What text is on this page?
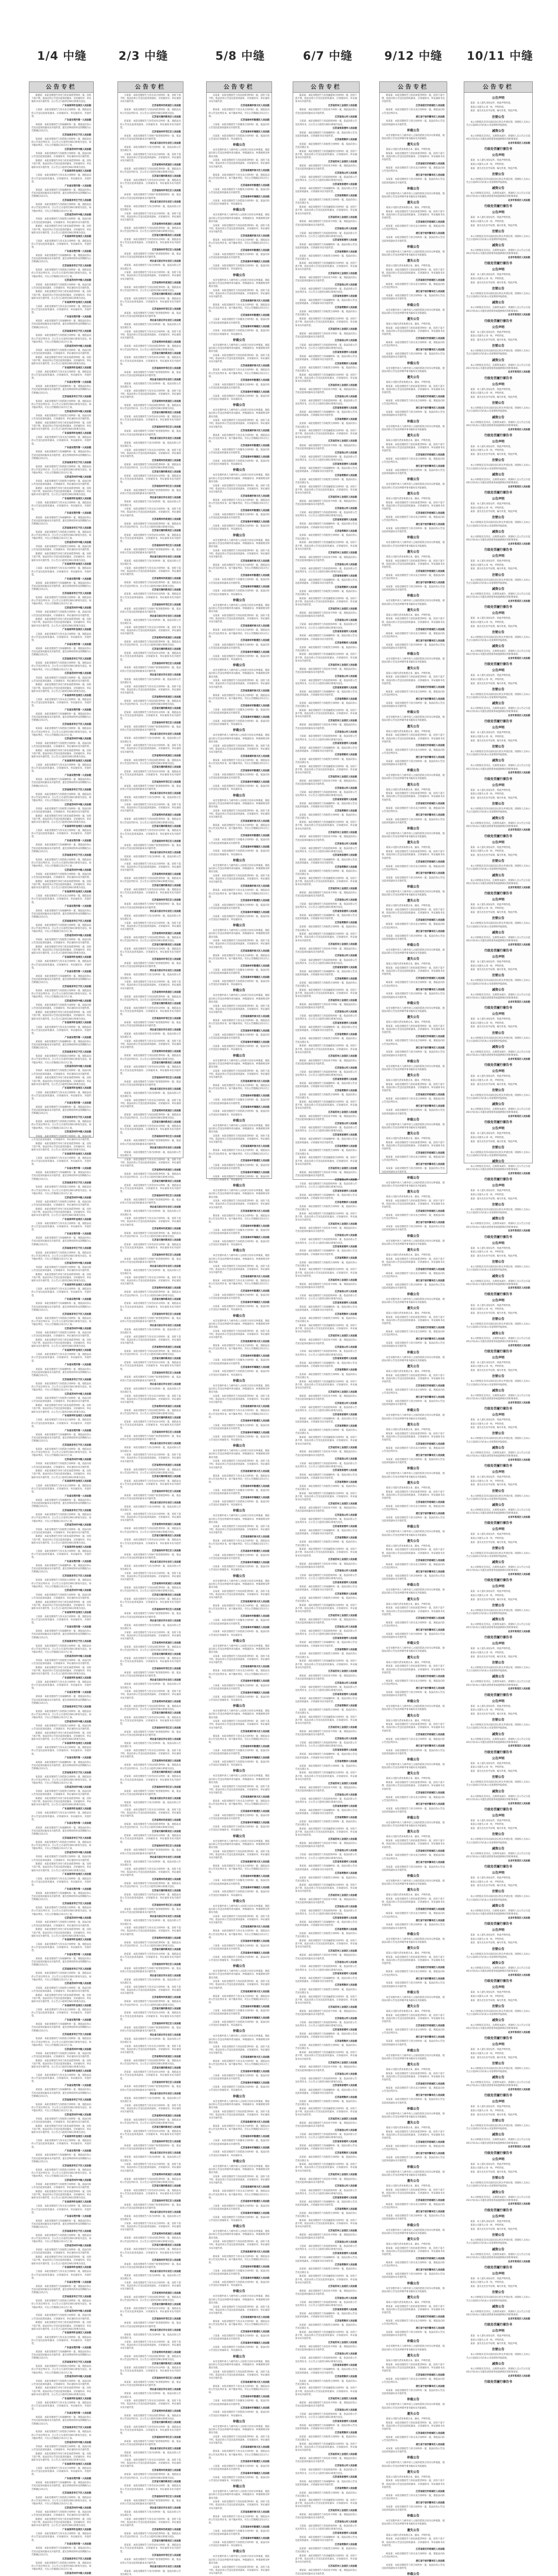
1/4 中缝
公告专栏

陈建雷：本院受理原告李亮与你民间借贷纠纷一案，因你下落不明，依法向你公告送达起诉状副本、应诉通知书、举证通知书及开庭传票。自公告之日起经过60日即视为送达。

广东省深圳市龙岗区人民法院

王某某：本院受理原告与你买卖合同纠纷一案，现依法向你公告送达起诉状副本、应诉通知书、举证通知书、开庭传票。

广东省东莞市第一人民法院

刘某某：本院受理原告与你离婚纠纷一案，现依法向你公告送达起诉状副本及开庭传票。提出答辩状和举证的期限为公告期满后15日内。

江苏省南京市江宁区人民法院

张某某：本院受理原告与你借款合同纠纷一案，现依法向你公告送达判决书。自公告之日起经过60日即视为送达。如不服本判决，可在公告期满后15日内上诉。

江苏省苏州市中级人民法院

李某某：本院受理原告与你租赁合同纠纷一案，依法向你公告送达起诉状副本、应诉通知书、举证通知书及开庭传票。

陈建雷：本院受理原告李亮与你民间借贷纠纷一案，因你下落不明，依法向你公告送达起诉状副本、应诉通知书、举证通知书及开庭传票。自公告之日起经过60日即视为送达。

广东省深圳市龙岗区人民法院

王某某：本院受理原告与你买卖合同纠纷一案，现依法向你公告送达起诉状副本、应诉通知书、举证通知书、开庭传票。

广东省东莞市第一人民法院

刘某某：本院受理原告与你离婚纠纷一案，现依法向你公告送达起诉状副本及开庭传票。提出答辩状和举证的期限为公告期满后15日内。

江苏省南京市江宁区人民法院

张某某：本院受理原告与你借款合同纠纷一案，现依法向你公告送达判决书。自公告之日起经过60日即视为送达。如不服本判决，可在公告期满后15日内上诉。

江苏省苏州市中级人民法院

李某某：本院受理原告与你租赁合同纠纷一案，依法向你公告送达起诉状副本、应诉通知书、举证通知书及开庭传票。

陈建雷：本院受理原告李亮与你民间借贷纠纷一案，因你下落不明，依法向你公告送达起诉状副本、应诉通知书、举证通知书及开庭传票。自公告之日起经过60日即视为送达。

广东省深圳市龙岗区人民法院

王某某：本院受理原告与你买卖合同纠纷一案，现依法向你公告送达起诉状副本、应诉通知书、举证通知书、开庭传票。

广东省东莞市第一人民法院

刘某某：本院受理原告与你离婚纠纷一案，现依法向你公告送达起诉状副本及开庭传票。提出答辩状和举证的期限为公告期满后15日内。

江苏省南京市江宁区人民法院

张某某：本院受理原告与你借款合同纠纷一案，现依法向你公告送达判决书。自公告之日起经过60日即视为送达。如不服本判决，可在公告期满后15日内上诉。

江苏省苏州市中级人民法院

李某某：本院受理原告与你租赁合同纠纷一案，依法向你公告送达起诉状副本、应诉通知书、举证通知书及开庭传票。

陈建雷：本院受理原告李亮与你民间借贷纠纷一案，因你下落不明，依法向你公告送达起诉状副本、应诉通知书、举证通知书及开庭传票。自公告之日起经过60日即视为送达。

广东省深圳市龙岗区人民法院

王某某：本院受理原告与你买卖合同纠纷一案，现依法向你公告送达起诉状副本、应诉通知书、举证通知书、开庭传票。

广东省东莞市第一人民法院

刘某某：本院受理原告与你离婚纠纷一案，现依法向你公告送达起诉状副本及开庭传票。提出答辩状和举证的期限为公告期满后15日内。

江苏省南京市江宁区人民法院

张某某：本院受理原告与你借款合同纠纷一案，现依法向你公告送达判决书。自公告之日起经过60日即视为送达。如不服本判决，可在公告期满后15日内上诉。

江苏省苏州市中级人民法院

李某某：本院受理原告与你租赁合同纠纷一案，依法向你公告送达起诉状副本、应诉通知书、举证通知书及开庭传票。

陈建雷：本院受理原告李亮与你民间借贷纠纷一案，因你下落不明，依法向你公告送达起诉状副本、应诉通知书、举证通知书及开庭传票。自公告之日起经过60日即视为送达。

广东省深圳市龙岗区人民法院

王某某：本院受理原告与你买卖合同纠纷一案，现依法向你公告送达起诉状副本、应诉通知书、举证通知书、开庭传票。

广东省东莞市第一人民法院

刘某某：本院受理原告与你离婚纠纷一案，现依法向你公告送达起诉状副本及开庭传票。提出答辩状和举证的期限为公告期满后15日内。

江苏省南京市江宁区人民法院

张某某：本院受理原告与你借款合同纠纷一案，现依法向你公告送达判决书。自公告之日起经过60日即视为送达。如不服本判决，可在公告期满后15日内上诉。

江苏省苏州市中级人民法院

李某某：本院受理原告与你租赁合同纠纷一案，依法向你公告送达起诉状副本、应诉通知书、举证通知书及开庭传票。

陈建雷：本院受理原告李亮与你民间借贷纠纷一案，因你下落不明，依法向你公告送达起诉状副本、应诉通知书、举证通知书及开庭传票。自公告之日起经过60日即视为送达。

广东省深圳市龙岗区人民法院

王某某：本院受理原告与你买卖合同纠纷一案，现依法向你公告送达起诉状副本、应诉通知书、举证通知书、开庭传票。

广东省东莞市第一人民法院

刘某某：本院受理原告与你离婚纠纷一案，现依法向你公告送达起诉状副本及开庭传票。提出答辩状和举证的期限为公告期满后15日内。

江苏省南京市江宁区人民法院

张某某：本院受理原告与你借款合同纠纷一案，现依法向你公告送达判决书。自公告之日起经过60日即视为送达。如不服本判决，可在公告期满后15日内上诉。

江苏省苏州市中级人民法院

李某某：本院受理原告与你租赁合同纠纷一案，依法向你公告送达起诉状副本、应诉通知书、举证通知书及开庭传票。

陈建雷：本院受理原告李亮与你民间借贷纠纷一案，因你下落不明，依法向你公告送达起诉状副本、应诉通知书、举证通知书及开庭传票。自公告之日起经过60日即视为送达。

广东省深圳市龙岗区人民法院

王某某：本院受理原告与你买卖合同纠纷一案，现依法向你公告送达起诉状副本、应诉通知书、举证通知书、开庭传票。

广东省东莞市第一人民法院

刘某某：本院受理原告与你离婚纠纷一案，现依法向你公告送达起诉状副本及开庭传票。提出答辩状和举证的期限为公告期满后15日内。

江苏省南京市江宁区人民法院

张某某：本院受理原告与你借款合同纠纷一案，现依法向你公告送达判决书。自公告之日起经过60日即视为送达。如不服本判决，可在公告期满后15日内上诉。

江苏省苏州市中级人民法院

李某某：本院受理原告与你租赁合同纠纷一案，依法向你公告送达起诉状副本、应诉通知书、举证通知书及开庭传票。

陈建雷：本院受理原告李亮与你民间借贷纠纷一案，因你下落不明，依法向你公告送达起诉状副本、应诉通知书、举证通知书及开庭传票。自公告之日起经过60日即视为送达。

广东省深圳市龙岗区人民法院

王某某：本院受理原告与你买卖合同纠纷一案，现依法向你公告送达起诉状副本、应诉通知书、举证通知书、开庭传票。

广东省东莞市第一人民法院

刘某某：本院受理原告与你离婚纠纷一案，现依法向你公告送达起诉状副本及开庭传票。提出答辩状和举证的期限为公告期满后15日内。

江苏省南京市江宁区人民法院

张某某：本院受理原告与你借款合同纠纷一案，现依法向你公告送达判决书。自公告之日起经过60日即视为送达。如不服本判决，可在公告期满后15日内上诉。

江苏省苏州市中级人民法院

李某某：本院受理原告与你租赁合同纠纷一案，依法向你公告送达起诉状副本、应诉通知书、举证通知书及开庭传票。

陈建雷：本院受理原告李亮与你民间借贷纠纷一案，因你下落不明，依法向你公告送达起诉状副本、应诉通知书、举证通知书及开庭传票。自公告之日起经过60日即视为送达。

广东省深圳市龙岗区人民法院

王某某：本院受理原告与你买卖合同纠纷一案，现依法向你公告送达起诉状副本、应诉通知书、举证通知书、开庭传票。

广东省东莞市第一人民法院

刘某某：本院受理原告与你离婚纠纷一案，现依法向你公告送达起诉状副本及开庭传票。提出答辩状和举证的期限为公告期满后15日内。

江苏省南京市江宁区人民法院

张某某：本院受理原告与你借款合同纠纷一案，现依法向你公告送达判决书。自公告之日起经过60日即视为送达。如不服本判决，可在公告期满后15日内上诉。

江苏省苏州市中级人民法院

李某某：本院受理原告与你租赁合同纠纷一案，依法向你公告送达起诉状副本、应诉通知书、举证通知书及开庭传票。

陈建雷：本院受理原告李亮与你民间借贷纠纷一案，因你下落不明，依法向你公告送达起诉状副本、应诉通知书、举证通知书及开庭传票。自公告之日起经过60日即视为送达。

广东省深圳市龙岗区人民法院

王某某：本院受理原告与你买卖合同纠纷一案，现依法向你公告送达起诉状副本、应诉通知书、举证通知书、开庭传票。

广东省东莞市第一人民法院

刘某某：本院受理原告与你离婚纠纷一案，现依法向你公告送达起诉状副本及开庭传票。提出答辩状和举证的期限为公告期满后15日内。

江苏省南京市江宁区人民法院

张某某：本院受理原告与你借款合同纠纷一案，现依法向你公告送达判决书。自公告之日起经过60日即视为送达。如不服本判决，可在公告期满后15日内上诉。

江苏省苏州市中级人民法院

李某某：本院受理原告与你租赁合同纠纷一案，依法向你公告送达起诉状副本、应诉通知书、举证通知书及开庭传票。

陈建雷：本院受理原告李亮与你民间借贷纠纷一案，因你下落不明，依法向你公告送达起诉状副本、应诉通知书、举证通知书及开庭传票。自公告之日起经过60日即视为送达。

广东省深圳市龙岗区人民法院

王某某：本院受理原告与你买卖合同纠纷一案，现依法向你公告送达起诉状副本、应诉通知书、举证通知书、开庭传票。

广东省东莞市第一人民法院

刘某某：本院受理原告与你离婚纠纷一案，现依法向你公告送达起诉状副本及开庭传票。提出答辩状和举证的期限为公告期满后15日内。

江苏省南京市江宁区人民法院

张某某：本院受理原告与你借款合同纠纷一案，现依法向你公告送达判决书。自公告之日起经过60日即视为送达。如不服本判决，可在公告期满后15日内上诉。

江苏省苏州市中级人民法院

李某某：本院受理原告与你租赁合同纠纷一案，依法向你公告送达起诉状副本、应诉通知书、举证通知书及开庭传票。

陈建雷：本院受理原告李亮与你民间借贷纠纷一案，因你下落不明，依法向你公告送达起诉状副本、应诉通知书、举证通知书及开庭传票。自公告之日起经过60日即视为送达。

广东省深圳市龙岗区人民法院

王某某：本院受理原告与你买卖合同纠纷一案，现依法向你公告送达起诉状副本、应诉通知书、举证通知书、开庭传票。

广东省东莞市第一人民法院

刘某某：本院受理原告与你离婚纠纷一案，现依法向你公告送达起诉状副本及开庭传票。提出答辩状和举证的期限为公告期满后15日内。

江苏省南京市江宁区人民法院

张某某：本院受理原告与你借款合同纠纷一案，现依法向你公告送达判决书。自公告之日起经过60日即视为送达。如不服本判决，可在公告期满后15日内上诉。

江苏省苏州市中级人民法院

李某某：本院受理原告与你租赁合同纠纷一案，依法向你公告送达起诉状副本、应诉通知书、举证通知书及开庭传票。

陈建雷：本院受理原告李亮与你民间借贷纠纷一案，因你下落不明，依法向你公告送达起诉状副本、应诉通知书、举证通知书及开庭传票。自公告之日起经过60日即视为送达。

广东省深圳市龙岗区人民法院

王某某：本院受理原告与你买卖合同纠纷一案，现依法向你公告送达起诉状副本、应诉通知书、举证通知书、开庭传票。

广东省东莞市第一人民法院

刘某某：本院受理原告与你离婚纠纷一案，现依法向你公告送达起诉状副本及开庭传票。提出答辩状和举证的期限为公告期满后15日内。

江苏省南京市江宁区人民法院

张某某：本院受理原告与你借款合同纠纷一案，现依法向你公告送达判决书。自公告之日起经过60日即视为送达。如不服本判决，可在公告期满后15日内上诉。

江苏省苏州市中级人民法院

李某某：本院受理原告与你租赁合同纠纷一案，依法向你公告送达起诉状副本、应诉通知书、举证通知书及开庭传票。

陈建雷：本院受理原告李亮与你民间借贷纠纷一案，因你下落不明，依法向你公告送达起诉状副本、应诉通知书、举证通知书及开庭传票。自公告之日起经过60日即视为送达。

广东省深圳市龙岗区人民法院

王某某：本院受理原告与你买卖合同纠纷一案，现依法向你公告送达起诉状副本、应诉通知书、举证通知书、开庭传票。

广东省东莞市第一人民法院

刘某某：本院受理原告与你离婚纠纷一案，现依法向你公告送达起诉状副本及开庭传票。提出答辩状和举证的期限为公告期满后15日内。

江苏省南京市江宁区人民法院

张某某：本院受理原告与你借款合同纠纷一案，现依法向你公告送达判决书。自公告之日起经过60日即视为送达。如不服本判决，可在公告期满后15日内上诉。

江苏省苏州市中级人民法院

李某某：本院受理原告与你租赁合同纠纷一案，依法向你公告送达起诉状副本、应诉通知书、举证通知书及开庭传票。

陈建雷：本院受理原告李亮与你民间借贷纠纷一案，因你下落不明，依法向你公告送达起诉状副本、应诉通知书、举证通知书及开庭传票。自公告之日起经过60日即视为送达。

广东省深圳市龙岗区人民法院

王某某：本院受理原告与你买卖合同纠纷一案，现依法向你公告送达起诉状副本、应诉通知书、举证通知书、开庭传票。

广东省东莞市第一人民法院

刘某某：本院受理原告与你离婚纠纷一案，现依法向你公告送达起诉状副本及开庭传票。提出答辩状和举证的期限为公告期满后15日内。

江苏省南京市江宁区人民法院

张某某：本院受理原告与你借款合同纠纷一案，现依法向你公告送达判决书。自公告之日起经过60日即视为送达。如不服本判决，可在公告期满后15日内上诉。

江苏省苏州市中级人民法院

李某某：本院受理原告与你租赁合同纠纷一案，依法向你公告送达起诉状副本、应诉通知书、举证通知书及开庭传票。

陈建雷：本院受理原告李亮与你民间借贷纠纷一案，因你下落不明，依法向你公告送达起诉状副本、应诉通知书、举证通知书及开庭传票。自公告之日起经过60日即视为送达。

广东省深圳市龙岗区人民法院

王某某：本院受理原告与你买卖合同纠纷一案，现依法向你公告送达起诉状副本、应诉通知书、举证通知书、开庭传票。

广东省东莞市第一人民法院

刘某某：本院受理原告与你离婚纠纷一案，现依法向你公告送达起诉状副本及开庭传票。提出答辩状和举证的期限为公告期满后15日内。

江苏省南京市江宁区人民法院

张某某：本院受理原告与你借款合同纠纷一案，现依法向你公告送达判决书。自公告之日起经过60日即视为送达。如不服本判决，可在公告期满后15日内上诉。

江苏省苏州市中级人民法院

李某某：本院受理原告与你租赁合同纠纷一案，依法向你公告送达起诉状副本、应诉通知书、举证通知书及开庭传票。

陈建雷：本院受理原告李亮与你民间借贷纠纷一案，因你下落不明，依法向你公告送达起诉状副本、应诉通知书、举证通知书及开庭传票。自公告之日起经过60日即视为送达。

广东省深圳市龙岗区人民法院

王某某：本院受理原告与你买卖合同纠纷一案，现依法向你公告送达起诉状副本、应诉通知书、举证通知书、开庭传票。

广东省东莞市第一人民法院

刘某某：本院受理原告与你离婚纠纷一案，现依法向你公告送达起诉状副本及开庭传票。提出答辩状和举证的期限为公告期满后15日内。

江苏省南京市江宁区人民法院

张某某：本院受理原告与你借款合同纠纷一案，现依法向你公告送达判决书。自公告之日起经过60日即视为送达。如不服本判决，可在公告期满后15日内上诉。

江苏省苏州市中级人民法院

李某某：本院受理原告与你租赁合同纠纷一案，依法向你公告送达起诉状副本、应诉通知书、举证通知书及开庭传票。

陈建雷：本院受理原告李亮与你民间借贷纠纷一案，因你下落不明，依法向你公告送达起诉状副本、应诉通知书、举证通知书及开庭传票。自公告之日起经过60日即视为送达。

广东省深圳市龙岗区人民法院

王某某：本院受理原告与你买卖合同纠纷一案，现依法向你公告送达起诉状副本、应诉通知书、举证通知书、开庭传票。

广东省东莞市第一人民法院

刘某某：本院受理原告与你离婚纠纷一案，现依法向你公告送达起诉状副本及开庭传票。提出答辩状和举证的期限为公告期满后15日内。

江苏省南京市江宁区人民法院

张某某：本院受理原告与你借款合同纠纷一案，现依法向你公告送达判决书。自公告之日起经过60日即视为送达。如不服本判决，可在公告期满后15日内上诉。

江苏省苏州市中级人民法院

李某某：本院受理原告与你租赁合同纠纷一案，依法向你公告送达起诉状副本、应诉通知书、举证通知书及开庭传票。

陈建雷：本院受理原告李亮与你民间借贷纠纷一案，因你下落不明，依法向你公告送达起诉状副本、应诉通知书、举证通知书及开庭传票。自公告之日起经过60日即视为送达。

广东省深圳市龙岗区人民法院

王某某：本院受理原告与你买卖合同纠纷一案，现依法向你公告送达起诉状副本、应诉通知书、举证通知书、开庭传票。

广东省东莞市第一人民法院

刘某某：本院受理原告与你离婚纠纷一案，现依法向你公告送达起诉状副本及开庭传票。提出答辩状和举证的期限为公告期满后15日内。

江苏省南京市江宁区人民法院

张某某：本院受理原告与你借款合同纠纷一案，现依法向你公告送达判决书。自公告之日起经过60日即视为送达。如不服本判决，可在公告期满后15日内上诉。

江苏省苏州市中级人民法院

李某某：本院受理原告与你租赁合同纠纷一案，依法向你公告送达起诉状副本、应诉通知书、举证通知书及开庭传票。

陈建雷：本院受理原告李亮与你民间借贷纠纷一案，因你下落不明，依法向你公告送达起诉状副本、应诉通知书、举证通知书及开庭传票。自公告之日起经过60日即视为送达。

广东省深圳市龙岗区人民法院

王某某：本院受理原告与你买卖合同纠纷一案，现依法向你公告送达起诉状副本、应诉通知书、举证通知书、开庭传票。

广东省东莞市第一人民法院

刘某某：本院受理原告与你离婚纠纷一案，现依法向你公告送达起诉状副本及开庭传票。提出答辩状和举证的期限为公告期满后15日内。

江苏省南京市江宁区人民法院

张某某：本院受理原告与你借款合同纠纷一案，现依法向你公告送达判决书。自公告之日起经过60日即视为送达。如不服本判决，可在公告期满后15日内上诉。

江苏省苏州市中级人民法院

李某某：本院受理原告与你租赁合同纠纷一案，依法向你公告送达起诉状副本、应诉通知书、举证通知书及开庭传票。

陈建雷：本院受理原告李亮与你民间借贷纠纷一案，因你下落不明，依法向你公告送达起诉状副本、应诉通知书、举证通知书及开庭传票。自公告之日起经过60日即视为送达。

广东省深圳市龙岗区人民法院

王某某：本院受理原告与你买卖合同纠纷一案，现依法向你公告送达起诉状副本、应诉通知书、举证通知书、开庭传票。

广东省东莞市第一人民法院

刘某某：本院受理原告与你离婚纠纷一案，现依法向你公告送达起诉状副本及开庭传票。提出答辩状和举证的期限为公告期满后15日内。

江苏省南京市江宁区人民法院

张某某：本院受理原告与你借款合同纠纷一案，现依法向你公告送达判决书。自公告之日起经过60日即视为送达。如不服本判决，可在公告期满后15日内上诉。

江苏省苏州市中级人民法院

李某某：本院受理原告与你租赁合同纠纷一案，依法向你公告送达起诉状副本、应诉通知书、举证通知书及开庭传票。

陈建雷：本院受理原告李亮与你民间借贷纠纷一案，因你下落不明，依法向你公告送达起诉状副本、应诉通知书、举证通知书及开庭传票。自公告之日起经过60日即视为送达。

广东省深圳市龙岗区人民法院

王某某：本院受理原告与你买卖合同纠纷一案，现依法向你公告送达起诉状副本、应诉通知书、举证通知书、开庭传票。

广东省东莞市第一人民法院

刘某某：本院受理原告与你离婚纠纷一案，现依法向你公告送达起诉状副本及开庭传票。提出答辩状和举证的期限为公告期满后15日内。

江苏省南京市江宁区人民法院

张某某：本院受理原告与你借款合同纠纷一案，现依法向你公告送达判决书。自公告之日起经过60日即视为送达。如不服本判决，可在公告期满后15日内上诉。

江苏省苏州市中级人民法院

李某某：本院受理原告与你租赁合同纠纷一案，依法向你公告送达起诉状副本、应诉通知书、举证通知书及开庭传票。

陈建雷：本院受理原告李亮与你民间借贷纠纷一案，因你下落不明，依法向你公告送达起诉状副本、应诉通知书、举证通知书及开庭传票。自公告之日起经过60日即视为送达。

广东省深圳市龙岗区人民法院

王某某：本院受理原告与你买卖合同纠纷一案，现依法向你公告送达起诉状副本、应诉通知书、举证通知书、开庭传票。

广东省东莞市第一人民法院

刘某某：本院受理原告与你离婚纠纷一案，现依法向你公告送达起诉状副本及开庭传票。提出答辩状和举证的期限为公告期满后15日内。

江苏省南京市江宁区人民法院

张某某：本院受理原告与你借款合同纠纷一案，现依法向你公告送达判决书。自公告之日起经过60日即视为送达。如不服本判决，可在公告期满后15日内上诉。

江苏省苏州市中级人民法院

李某某：本院受理原告与你租赁合同纠纷一案，依法向你公告送达起诉状副本、应诉通知书、举证通知书及开庭传票。

陈建雷：本院受理原告李亮与你民间借贷纠纷一案，因你下落不明，依法向你公告送达起诉状副本、应诉通知书、举证通知书及开庭传票。自公告之日起经过60日即视为送达。

广东省深圳市龙岗区人民法院

王某某：本院受理原告与你买卖合同纠纷一案，现依法向你公告送达起诉状副本、应诉通知书、举证通知书、开庭传票。

广东省东莞市第一人民法院

刘某某：本院受理原告与你离婚纠纷一案，现依法向你公告送达起诉状副本及开庭传票。提出答辩状和举证的期限为公告期满后15日内。

江苏省南京市江宁区人民法院

张某某：本院受理原告与你借款合同纠纷一案，现依法向你公告送达判决书。自公告之日起经过60日即视为送达。如不服本判决，可在公告期满后15日内上诉。

江苏省苏州市中级人民法院

李某某：本院受理原告与你租赁合同纠纷一案，依法向你公告送达起诉状副本、应诉通知书、举证通知书及开庭传票。

陈建雷：本院受理原告李亮与你民间借贷纠纷一案，因你下落不明，依法向你公告送达起诉状副本、应诉通知书、举证通知书及开庭传票。自公告之日起经过60日即视为送达。

广东省深圳市龙岗区人民法院

王某某：本院受理原告与你买卖合同纠纷一案，现依法向你公告送达起诉状副本、应诉通知书、举证通知书、开庭传票。

广东省东莞市第一人民法院

刘某某：本院受理原告与你离婚纠纷一案，现依法向你公告送达起诉状副本及开庭传票。提出答辩状和举证的期限为公告期满后15日内。

江苏省南京市江宁区人民法院

张某某：本院受理原告与你借款合同纠纷一案，现依法向你公告送达判决书。自公告之日起经过60日即视为送达。如不服本判决，可在公告期满后15日内上诉。

江苏省苏州市中级人民法院

李某某：本院受理原告与你租赁合同纠纷一案，依法向你公告送达起诉状副本、应诉通知书、举证通知书及开庭传票。

陈建雷：本院受理原告李亮与你民间借贷纠纷一案，因你下落不明，依法向你公告送达起诉状副本、应诉通知书、举证通知书及开庭传票。自公告之日起经过60日即视为送达。

广东省深圳市龙岗区人民法院

王某某：本院受理原告与你买卖合同纠纷一案，现依法向你公告送达起诉状副本、应诉通知书、举证通知书、开庭传票。

广东省东莞市第一人民法院

刘某某：本院受理原告与你离婚纠纷一案，现依法向你公告送达起诉状副本及开庭传票。提出答辩状和举证的期限为公告期满后15日内。

江苏省南京市江宁区人民法院

张某某：本院受理原告与你借款合同纠纷一案，现依法向你公告送达判决书。自公告之日起经过60日即视为送达。如不服本判决，可在公告期满后15日内上诉。

江苏省苏州市中级人民法院

李某某：本院受理原告与你租赁合同纠纷一案，依法向你公告送达起诉状副本、应诉通知书、举证通知书及开庭传票。

陈建雷：本院受理原告李亮与你民间借贷纠纷一案，因你下落不明，依法向你公告送达起诉状副本、应诉通知书、举证通知书及开庭传票。自公告之日起经过60日即视为送达。

广东省深圳市龙岗区人民法院

王某某：本院受理原告与你买卖合同纠纷一案，现依法向你公告送达起诉状副本、应诉通知书、举证通知书、开庭传票。

广东省东莞市第一人民法院

刘某某：本院受理原告与你离婚纠纷一案，现依法向你公告送达起诉状副本及开庭传票。提出答辩状和举证的期限为公告期满后15日内。

江苏省南京市江宁区人民法院

张某某：本院受理原告与你借款合同纠纷一案，现依法向你公告送达判决书。自公告之日起经过60日即视为送达。如不服本判决，可在公告期满后15日内上诉。

江苏省苏州市中级人民法院

李某某：本院受理原告与你租赁合同纠纷一案，依法向你公告送达起诉状副本、应诉通知书、举证通知书及开庭传票。

陈建雷：本院受理原告李亮与你民间借贷纠纷一案，因你下落不明，依法向你公告送达起诉状副本、应诉通知书、举证通知书及开庭传票。自公告之日起经过60日即视为送达。

广东省深圳市龙岗区人民法院

王某某：本院受理原告与你买卖合同纠纷一案，现依法向你公告送达起诉状副本、应诉通知书、举证通知书、开庭传票。

广东省东莞市第一人民法院

刘某某：本院受理原告与你离婚纠纷一案，现依法向你公告送达起诉状副本及开庭传票。提出答辩状和举证的期限为公告期满后15日内。

江苏省南京市江宁区人民法院

张某某：本院受理原告与你借款合同纠纷一案，现依法向你公告送达判决书。自公告之日起经过60日即视为送达。如不服本判决，可在公告期满后15日内上诉。

江苏省苏州市中级人民法院

李某某：本院受理原告与你租赁合同纠纷一案，依法向你公告送达起诉状副本、应诉通知书、举证通知书及开庭传票。

陈建雷：本院受理原告李亮与你民间借贷纠纷一案，因你下落不明，依法向你公告送达起诉状副本、应诉通知书、举证通知书及开庭传票。自公告之日起经过60日即视为送达。

广东省深圳市龙岗区人民法院

王某某：本院受理原告与你买卖合同纠纷一案，现依法向你公告送达起诉状副本、应诉通知书、举证通知书、开庭传票。

广东省东莞市第一人民法院

刘某某：本院受理原告与你离婚纠纷一案，现依法向你公告送达起诉状副本及开庭传票。提出答辩状和举证的期限为公告期满后15日内。

江苏省南京市江宁区人民法院

张某某：本院受理原告与你借款合同纠纷一案，现依法向你公告送达判决书。自公告之日起经过60日即视为送达。如不服本判决，可在公告期满后15日内上诉。

江苏省苏州市中级人民法院

李某某：本院受理原告与你租赁合同纠纷一案，依法向你公告送达起诉状副本、应诉通知书、举证通知书及开庭传票。

陈建雷：本院受理原告李亮与你民间借贷纠纷一案，因你下落不明，依法向你公告送达起诉状副本、应诉通知书、举证通知书及开庭传票。自公告之日起经过60日即视为送达。

广东省深圳市龙岗区人民法院

王某某：本院受理原告与你买卖合同纠纷一案，现依法向你公告送达起诉状副本、应诉通知书、举证通知书、开庭传票。

广东省东莞市第一人民法院

刘某某：本院受理原告与你离婚纠纷一案，现依法向你公告送达起诉状副本及开庭传票。提出答辩状和举证的期限为公告期满后15日内。

江苏省南京市江宁区人民法院

张某某：本院受理原告与你借款合同纠纷一案，现依法向你公告送达判决书。自公告之日起经过60日即视为送达。如不服本判决，可在公告期满后15日内上诉。

江苏省苏州市中级人民法院

李某某：本院受理原告与你租赁合同纠纷一案，依法向你公告送达起诉状副本、应诉通知书、举证通知书及开庭传票。

陈建雷：本院受理原告李亮与你民间借贷纠纷一案，因你下落不明，依法向你公告送达起诉状副本、应诉通知书、举证通知书及开庭传票。自公告之日起经过60日即视为送达。

广东省深圳市龙岗区人民法院

王某某：本院受理原告与你买卖合同纠纷一案，现依法向你公告送达起诉状副本、应诉通知书、举证通知书、开庭传票。

广东省东莞市第一人民法院

刘某某：本院受理原告与你离婚纠纷一案，现依法向你公告送达起诉状副本及开庭传票。提出答辩状和举证的期限为公告期满后15日内。

江苏省南京市江宁区人民法院

张某某：本院受理原告与你借款合同纠纷一案，现依法向你公告送达判决书。自公告之日起经过60日即视为送达。如不服本判决，可在公告期满后15日内上诉。

江苏省苏州市中级人民法院

李某某：本院受理原告与你租赁合同纠纷一案，依法向你公告送达起诉状副本、应诉通知书、举证通知书及开庭传票。

陈建雷：本院受理原告李亮与你民间借贷纠纷一案，因你下落不明，依法向你公告送达起诉状副本、应诉通知书、举证通知书及开庭传票。自公告之日起经过60日即视为送达。

广东省深圳市龙岗区人民法院

王某某：本院受理原告与你买卖合同纠纷一案，现依法向你公告送达起诉状副本、应诉通知书、举证通知书、开庭传票。

广东省东莞市第一人民法院

刘某某：本院受理原告与你离婚纠纷一案，现依法向你公告送达起诉状副本及开庭传票。提出答辩状和举证的期限为公告期满后15日内。

江苏省南京市江宁区人民法院

张某某：本院受理原告与你借款合同纠纷一案，现依法向你公告送达判决书。自公告之日起经过60日即视为送达。如不服本判决，可在公告期满后15日内上诉。

江苏省苏州市中级人民法院

李某某：本院受理原告与你租赁合同纠纷一案，依法向你公告送达起诉状副本、应诉通知书、举证通知书及开庭传票。

陈建雷：本院受理原告李亮与你民间借贷纠纷一案，因你下落不明，依法向你公告送达起诉状副本、应诉通知书、举证通知书及开庭传票。自公告之日起经过60日即视为送达。

广东省深圳市龙岗区人民法院

王某某：本院受理原告与你买卖合同纠纷一案，现依法向你公告送达起诉状副本、应诉通知书、举证通知书、开庭传票。

广东省东莞市第一人民法院

刘某某：本院受理原告与你离婚纠纷一案，现依法向你公告送达起诉状副本及开庭传票。提出答辩状和举证的期限为公告期满后15日内。

江苏省南京市江宁区人民法院

张某某：本院受理原告与你借款合同纠纷一案，现依法向你公告送达判决书。自公告之日起经过60日即视为送达。如不服本判决，可在公告期满后15日内上诉。

江苏省苏州市中级人民法院

李某某：本院受理原告与你租赁合同纠纷一案，依法向你公告送达起诉状副本、应诉通知书、举证通知书及开庭传票。

陈建雷：本院受理原告李亮与你民间借贷纠纷一案，因你下落不明，依法向你公告送达起诉状副本、应诉通知书、举证通知书及开庭传票。自公告之日起经过60日即视为送达。

广东省深圳市龙岗区人民法院

王某某：本院受理原告与你买卖合同纠纷一案，现依法向你公告送达起诉状副本、应诉通知书、举证通知书、开庭传票。

广东省东莞市第一人民法院

刘某某：本院受理原告与你离婚纠纷一案，现依法向你公告送达起诉状副本及开庭传票。提出答辩状和举证的期限为公告期满后15日内。

江苏省南京市江宁区人民法院

张某某：本院受理原告与你借款合同纠纷一案，现依法向你公告送达判决书。自公告之日起经过60日即视为送达。如不服本判决，可在公告期满后15日内上诉。

江苏省苏州市中级人民法院

李某某：本院受理原告与你租赁合同纠纷一案，依法向你公告送达起诉状副本、应诉通知书、举证通知书及开庭传票。

陈建雷：本院受理原告李亮与你民间借贷纠纷一案，因你下落不明，依法向你公告送达起诉状副本、应诉通知书、举证通知书及开庭传票。自公告之日起经过60日即视为送达。

广东省深圳市龙岗区人民法院

王某某：本院受理原告与你买卖合同纠纷一案，现依法向你公告送达起诉状副本、应诉通知书、举证通知书、开庭传票。

广东省东莞市第一人民法院

刘某某：本院受理原告与你离婚纠纷一案，现依法向你公告送达起诉状副本及开庭传票。提出答辩状和举证的期限为公告期满后15日内。

江苏省南京市江宁区人民法院

张某某：本院受理原告与你借款合同纠纷一案，现依法向你公告送达判决书。自公告之日起经过60日即视为送达。如不服本判决，可在公告期满后15日内上诉。

江苏省苏州市中级人民法院

李某某：本院受理原告与你租赁合同纠纷一案，依法向你公告送达起诉状副本、应诉通知书、举证通知书及开庭传票。

陈建雷：本院受理原告李亮与你民间借贷纠纷一案，因你下落不明，依法向你公告送达起诉状副本、应诉通知书、举证通知书及开庭传票。自公告之日起经过60日即视为送达。

广东省深圳市龙岗区人民法院

王某某：本院受理原告与你买卖合同纠纷一案，现依法向你公告送达起诉状副本、应诉通知书、举证通知书、开庭传票。

广东省东莞市第一人民法院

刘某某：本院受理原告与你离婚纠纷一案，现依法向你公告送达起诉状副本及开庭传票。提出答辩状和举证的期限为公告期满后15日内。

江苏省南京市江宁区人民法院

张某某：本院受理原告与你借款合同纠纷一案，现依法向你公告送达判决书。自公告之日起经过60日即视为送达。如不服本判决，可在公告期满后15日内上诉。

江苏省苏州市中级人民法院

李某某：本院受理原告与你租赁合同纠纷一案，依法向你公告送达起诉状副本、应诉通知书、举证通知书及开庭传票。

陈建雷：本院受理原告李亮与你民间借贷纠纷一案，因你下落不明，依法向你公告送达起诉状副本、应诉通知书、举证通知书及开庭传票。自公告之日起经过60日即视为送达。

广东省深圳市龙岗区人民法院

王某某：本院受理原告与你买卖合同纠纷一案，现依法向你公告送达起诉状副本、应诉通知书、举证通知书、开庭传票。

广东省东莞市第一人民法院

刘某某：本院受理原告与你离婚纠纷一案，现依法向你公告送达起诉状副本及开庭传票。提出答辩状和举证的期限为公告期满后15日内。

江苏省南京市江宁区人民法院

张某某：本院受理原告与你借款合同纠纷一案，现依法向你公告送达判决书。自公告之日起经过60日即视为送达。如不服本判决，可在公告期满后15日内上诉。

江苏省苏州市中级人民法院

李某某：本院受理原告与你租赁合同纠纷一案，依法向你公告送达起诉状副本、应诉通知书、举证通知书及开庭传票。

陈建雷：本院受理原告李亮与你民间借贷纠纷一案，因你下落不明，依法向你公告送达起诉状副本、应诉通知书、举证通知书及开庭传票。自公告之日起经过60日即视为送达。

广东省深圳市龙岗区人民法院

王某某：本院受理原告与你买卖合同纠纷一案，现依法向你公告送达起诉状副本、应诉通知书、举证通知书、开庭传票。

广东省东莞市第一人民法院

刘某某：本院受理原告与你离婚纠纷一案，现依法向你公告送达起诉状副本及开庭传票。提出答辩状和举证的期限为公告期满后15日内。

江苏省南京市江宁区人民法院

张某某：本院受理原告与你借款合同纠纷一案，现依法向你公告送达判决书。自公告之日起经过60日即视为送达。如不服本判决，可在公告期满后15日内上诉。

江苏省苏州市中级人民法院

2/3 中缝
公告专栏

方某某：本院受理原告与你买卖合同纠纷一案，因你下落不明，依法向你公告送达起诉状副本、应诉通知书、举证通知书及开庭传票。

江苏省常州市武进区人民法院

徐某某：本院受理原告与你民间借贷纠纷一案，现依法向你公告送达判决书。自公告之日起经过60日即视为送达。

江苏省无锡市新吴区人民法院

赵某某：本院受理原告与你劳动争议纠纷一案，现依法向你公告送达起诉状副本、应诉通知书、举证通知书及开庭传票。

江苏省扬州市邗江区人民法院

孙某某：本院受理原告与你财产损害赔偿纠纷一案，依法向你公告送达起诉状副本及开庭传票。

河北省石家庄市长安区人民法院

周某某：本院受理原告与你合同纠纷一案，依法向你公告送达裁定书。

方某某：本院受理原告与你买卖合同纠纷一案，因你下落不明，依法向你公告送达起诉状副本、应诉通知书、举证通知书及开庭传票。

江苏省常州市武进区人民法院

徐某某：本院受理原告与你民间借贷纠纷一案，现依法向你公告送达判决书。自公告之日起经过60日即视为送达。

江苏省无锡市新吴区人民法院

赵某某：本院受理原告与你劳动争议纠纷一案，现依法向你公告送达起诉状副本、应诉通知书、举证通知书及开庭传票。

江苏省扬州市邗江区人民法院

孙某某：本院受理原告与你财产损害赔偿纠纷一案，依法向你公告送达起诉状副本及开庭传票。

河北省石家庄市长安区人民法院

周某某：本院受理原告与你合同纠纷一案，依法向你公告送达裁定书。

方某某：本院受理原告与你买卖合同纠纷一案，因你下落不明，依法向你公告送达起诉状副本、应诉通知书、举证通知书及开庭传票。

江苏省常州市武进区人民法院

徐某某：本院受理原告与你民间借贷纠纷一案，现依法向你公告送达判决书。自公告之日起经过60日即视为送达。

江苏省无锡市新吴区人民法院

赵某某：本院受理原告与你劳动争议纠纷一案，现依法向你公告送达起诉状副本、应诉通知书、举证通知书及开庭传票。

江苏省扬州市邗江区人民法院

孙某某：本院受理原告与你财产损害赔偿纠纷一案，依法向你公告送达起诉状副本及开庭传票。

河北省石家庄市长安区人民法院

周某某：本院受理原告与你合同纠纷一案，依法向你公告送达裁定书。

方某某：本院受理原告与你买卖合同纠纷一案，因你下落不明，依法向你公告送达起诉状副本、应诉通知书、举证通知书及开庭传票。

江苏省常州市武进区人民法院

徐某某：本院受理原告与你民间借贷纠纷一案，现依法向你公告送达判决书。自公告之日起经过60日即视为送达。

江苏省无锡市新吴区人民法院

赵某某：本院受理原告与你劳动争议纠纷一案，现依法向你公告送达起诉状副本、应诉通知书、举证通知书及开庭传票。

江苏省扬州市邗江区人民法院

孙某某：本院受理原告与你财产损害赔偿纠纷一案，依法向你公告送达起诉状副本及开庭传票。

河北省石家庄市长安区人民法院

周某某：本院受理原告与你合同纠纷一案，依法向你公告送达裁定书。

方某某：本院受理原告与你买卖合同纠纷一案，因你下落不明，依法向你公告送达起诉状副本、应诉通知书、举证通知书及开庭传票。

江苏省常州市武进区人民法院

徐某某：本院受理原告与你民间借贷纠纷一案，现依法向你公告送达判决书。自公告之日起经过60日即视为送达。

江苏省无锡市新吴区人民法院

赵某某：本院受理原告与你劳动争议纠纷一案，现依法向你公告送达起诉状副本、应诉通知书、举证通知书及开庭传票。

江苏省扬州市邗江区人民法院

孙某某：本院受理原告与你财产损害赔偿纠纷一案，依法向你公告送达起诉状副本及开庭传票。

河北省石家庄市长安区人民法院

周某某：本院受理原告与你合同纠纷一案，依法向你公告送达裁定书。

方某某：本院受理原告与你买卖合同纠纷一案，因你下落不明，依法向你公告送达起诉状副本、应诉通知书、举证通知书及开庭传票。

江苏省常州市武进区人民法院

徐某某：本院受理原告与你民间借贷纠纷一案，现依法向你公告送达判决书。自公告之日起经过60日即视为送达。

江苏省无锡市新吴区人民法院

赵某某：本院受理原告与你劳动争议纠纷一案，现依法向你公告送达起诉状副本、应诉通知书、举证通知书及开庭传票。

江苏省扬州市邗江区人民法院

孙某某：本院受理原告与你财产损害赔偿纠纷一案，依法向你公告送达起诉状副本及开庭传票。

河北省石家庄市长安区人民法院

周某某：本院受理原告与你合同纠纷一案，依法向你公告送达裁定书。

方某某：本院受理原告与你买卖合同纠纷一案，因你下落不明，依法向你公告送达起诉状副本、应诉通知书、举证通知书及开庭传票。

江苏省常州市武进区人民法院

徐某某：本院受理原告与你民间借贷纠纷一案，现依法向你公告送达判决书。自公告之日起经过60日即视为送达。

江苏省无锡市新吴区人民法院

赵某某：本院受理原告与你劳动争议纠纷一案，现依法向你公告送达起诉状副本、应诉通知书、举证通知书及开庭传票。

江苏省扬州市邗江区人民法院

孙某某：本院受理原告与你财产损害赔偿纠纷一案，依法向你公告送达起诉状副本及开庭传票。

河北省石家庄市长安区人民法院

周某某：本院受理原告与你合同纠纷一案，依法向你公告送达裁定书。

方某某：本院受理原告与你买卖合同纠纷一案，因你下落不明，依法向你公告送达起诉状副本、应诉通知书、举证通知书及开庭传票。

江苏省常州市武进区人民法院

徐某某：本院受理原告与你民间借贷纠纷一案，现依法向你公告送达判决书。自公告之日起经过60日即视为送达。

江苏省无锡市新吴区人民法院

赵某某：本院受理原告与你劳动争议纠纷一案，现依法向你公告送达起诉状副本、应诉通知书、举证通知书及开庭传票。

江苏省扬州市邗江区人民法院

孙某某：本院受理原告与你财产损害赔偿纠纷一案，依法向你公告送达起诉状副本及开庭传票。

河北省石家庄市长安区人民法院

周某某：本院受理原告与你合同纠纷一案，依法向你公告送达裁定书。

方某某：本院受理原告与你买卖合同纠纷一案，因你下落不明，依法向你公告送达起诉状副本、应诉通知书、举证通知书及开庭传票。

江苏省常州市武进区人民法院

徐某某：本院受理原告与你民间借贷纠纷一案，现依法向你公告送达判决书。自公告之日起经过60日即视为送达。

江苏省无锡市新吴区人民法院

赵某某：本院受理原告与你劳动争议纠纷一案，现依法向你公告送达起诉状副本、应诉通知书、举证通知书及开庭传票。

江苏省扬州市邗江区人民法院

孙某某：本院受理原告与你财产损害赔偿纠纷一案，依法向你公告送达起诉状副本及开庭传票。

河北省石家庄市长安区人民法院

周某某：本院受理原告与你合同纠纷一案，依法向你公告送达裁定书。

方某某：本院受理原告与你买卖合同纠纷一案，因你下落不明，依法向你公告送达起诉状副本、应诉通知书、举证通知书及开庭传票。

江苏省常州市武进区人民法院

徐某某：本院受理原告与你民间借贷纠纷一案，现依法向你公告送达判决书。自公告之日起经过60日即视为送达。

江苏省无锡市新吴区人民法院

赵某某：本院受理原告与你劳动争议纠纷一案，现依法向你公告送达起诉状副本、应诉通知书、举证通知书及开庭传票。

江苏省扬州市邗江区人民法院

孙某某：本院受理原告与你财产损害赔偿纠纷一案，依法向你公告送达起诉状副本及开庭传票。

河北省石家庄市长安区人民法院

周某某：本院受理原告与你合同纠纷一案，依法向你公告送达裁定书。

方某某：本院受理原告与你买卖合同纠纷一案，因你下落不明，依法向你公告送达起诉状副本、应诉通知书、举证通知书及开庭传票。

江苏省常州市武进区人民法院

徐某某：本院受理原告与你民间借贷纠纷一案，现依法向你公告送达判决书。自公告之日起经过60日即视为送达。

江苏省无锡市新吴区人民法院

赵某某：本院受理原告与你劳动争议纠纷一案，现依法向你公告送达起诉状副本、应诉通知书、举证通知书及开庭传票。

江苏省扬州市邗江区人民法院

孙某某：本院受理原告与你财产损害赔偿纠纷一案，依法向你公告送达起诉状副本及开庭传票。

河北省石家庄市长安区人民法院

周某某：本院受理原告与你合同纠纷一案，依法向你公告送达裁定书。

方某某：本院受理原告与你买卖合同纠纷一案，因你下落不明，依法向你公告送达起诉状副本、应诉通知书、举证通知书及开庭传票。

江苏省常州市武进区人民法院

徐某某：本院受理原告与你民间借贷纠纷一案，现依法向你公告送达判决书。自公告之日起经过60日即视为送达。

江苏省无锡市新吴区人民法院

赵某某：本院受理原告与你劳动争议纠纷一案，现依法向你公告送达起诉状副本、应诉通知书、举证通知书及开庭传票。

江苏省扬州市邗江区人民法院

孙某某：本院受理原告与你财产损害赔偿纠纷一案，依法向你公告送达起诉状副本及开庭传票。

河北省石家庄市长安区人民法院

周某某：本院受理原告与你合同纠纷一案，依法向你公告送达裁定书。

方某某：本院受理原告与你买卖合同纠纷一案，因你下落不明，依法向你公告送达起诉状副本、应诉通知书、举证通知书及开庭传票。

江苏省常州市武进区人民法院

徐某某：本院受理原告与你民间借贷纠纷一案，现依法向你公告送达判决书。自公告之日起经过60日即视为送达。

江苏省无锡市新吴区人民法院

赵某某：本院受理原告与你劳动争议纠纷一案，现依法向你公告送达起诉状副本、应诉通知书、举证通知书及开庭传票。

江苏省扬州市邗江区人民法院

孙某某：本院受理原告与你财产损害赔偿纠纷一案，依法向你公告送达起诉状副本及开庭传票。

河北省石家庄市长安区人民法院

周某某：本院受理原告与你合同纠纷一案，依法向你公告送达裁定书。

方某某：本院受理原告与你买卖合同纠纷一案，因你下落不明，依法向你公告送达起诉状副本、应诉通知书、举证通知书及开庭传票。

江苏省常州市武进区人民法院

徐某某：本院受理原告与你民间借贷纠纷一案，现依法向你公告送达判决书。自公告之日起经过60日即视为送达。

江苏省无锡市新吴区人民法院

赵某某：本院受理原告与你劳动争议纠纷一案，现依法向你公告送达起诉状副本、应诉通知书、举证通知书及开庭传票。

江苏省扬州市邗江区人民法院

孙某某：本院受理原告与你财产损害赔偿纠纷一案，依法向你公告送达起诉状副本及开庭传票。

河北省石家庄市长安区人民法院

周某某：本院受理原告与你合同纠纷一案，依法向你公告送达裁定书。

方某某：本院受理原告与你买卖合同纠纷一案，因你下落不明，依法向你公告送达起诉状副本、应诉通知书、举证通知书及开庭传票。

江苏省常州市武进区人民法院

徐某某：本院受理原告与你民间借贷纠纷一案，现依法向你公告送达判决书。自公告之日起经过60日即视为送达。

江苏省无锡市新吴区人民法院

赵某某：本院受理原告与你劳动争议纠纷一案，现依法向你公告送达起诉状副本、应诉通知书、举证通知书及开庭传票。

江苏省扬州市邗江区人民法院

孙某某：本院受理原告与你财产损害赔偿纠纷一案，依法向你公告送达起诉状副本及开庭传票。

河北省石家庄市长安区人民法院

周某某：本院受理原告与你合同纠纷一案，依法向你公告送达裁定书。

方某某：本院受理原告与你买卖合同纠纷一案，因你下落不明，依法向你公告送达起诉状副本、应诉通知书、举证通知书及开庭传票。

江苏省常州市武进区人民法院

徐某某：本院受理原告与你民间借贷纠纷一案，现依法向你公告送达判决书。自公告之日起经过60日即视为送达。

江苏省无锡市新吴区人民法院

赵某某：本院受理原告与你劳动争议纠纷一案，现依法向你公告送达起诉状副本、应诉通知书、举证通知书及开庭传票。

江苏省扬州市邗江区人民法院

孙某某：本院受理原告与你财产损害赔偿纠纷一案，依法向你公告送达起诉状副本及开庭传票。

河北省石家庄市长安区人民法院

周某某：本院受理原告与你合同纠纷一案，依法向你公告送达裁定书。

方某某：本院受理原告与你买卖合同纠纷一案，因你下落不明，依法向你公告送达起诉状副本、应诉通知书、举证通知书及开庭传票。

江苏省常州市武进区人民法院

徐某某：本院受理原告与你民间借贷纠纷一案，现依法向你公告送达判决书。自公告之日起经过60日即视为送达。

江苏省无锡市新吴区人民法院

赵某某：本院受理原告与你劳动争议纠纷一案，现依法向你公告送达起诉状副本、应诉通知书、举证通知书及开庭传票。

江苏省扬州市邗江区人民法院

孙某某：本院受理原告与你财产损害赔偿纠纷一案，依法向你公告送达起诉状副本及开庭传票。

河北省石家庄市长安区人民法院

周某某：本院受理原告与你合同纠纷一案，依法向你公告送达裁定书。

方某某：本院受理原告与你买卖合同纠纷一案，因你下落不明，依法向你公告送达起诉状副本、应诉通知书、举证通知书及开庭传票。

江苏省常州市武进区人民法院

徐某某：本院受理原告与你民间借贷纠纷一案，现依法向你公告送达判决书。自公告之日起经过60日即视为送达。

江苏省无锡市新吴区人民法院

赵某某：本院受理原告与你劳动争议纠纷一案，现依法向你公告送达起诉状副本、应诉通知书、举证通知书及开庭传票。

江苏省扬州市邗江区人民法院

孙某某：本院受理原告与你财产损害赔偿纠纷一案，依法向你公告送达起诉状副本及开庭传票。

河北省石家庄市长安区人民法院

周某某：本院受理原告与你合同纠纷一案，依法向你公告送达裁定书。

方某某：本院受理原告与你买卖合同纠纷一案，因你下落不明，依法向你公告送达起诉状副本、应诉通知书、举证通知书及开庭传票。

江苏省常州市武进区人民法院

徐某某：本院受理原告与你民间借贷纠纷一案，现依法向你公告送达判决书。自公告之日起经过60日即视为送达。

江苏省无锡市新吴区人民法院

赵某某：本院受理原告与你劳动争议纠纷一案，现依法向你公告送达起诉状副本、应诉通知书、举证通知书及开庭传票。

江苏省扬州市邗江区人民法院

孙某某：本院受理原告与你财产损害赔偿纠纷一案，依法向你公告送达起诉状副本及开庭传票。

河北省石家庄市长安区人民法院

周某某：本院受理原告与你合同纠纷一案，依法向你公告送达裁定书。

方某某：本院受理原告与你买卖合同纠纷一案，因你下落不明，依法向你公告送达起诉状副本、应诉通知书、举证通知书及开庭传票。

江苏省常州市武进区人民法院

徐某某：本院受理原告与你民间借贷纠纷一案，现依法向你公告送达判决书。自公告之日起经过60日即视为送达。

江苏省无锡市新吴区人民法院

赵某某：本院受理原告与你劳动争议纠纷一案，现依法向你公告送达起诉状副本、应诉通知书、举证通知书及开庭传票。

江苏省扬州市邗江区人民法院

孙某某：本院受理原告与你财产损害赔偿纠纷一案，依法向你公告送达起诉状副本及开庭传票。

河北省石家庄市长安区人民法院

周某某：本院受理原告与你合同纠纷一案，依法向你公告送达裁定书。

方某某：本院受理原告与你买卖合同纠纷一案，因你下落不明，依法向你公告送达起诉状副本、应诉通知书、举证通知书及开庭传票。

江苏省常州市武进区人民法院

徐某某：本院受理原告与你民间借贷纠纷一案，现依法向你公告送达判决书。自公告之日起经过60日即视为送达。

江苏省无锡市新吴区人民法院

赵某某：本院受理原告与你劳动争议纠纷一案，现依法向你公告送达起诉状副本、应诉通知书、举证通知书及开庭传票。

江苏省扬州市邗江区人民法院

孙某某：本院受理原告与你财产损害赔偿纠纷一案，依法向你公告送达起诉状副本及开庭传票。

河北省石家庄市长安区人民法院

周某某：本院受理原告与你合同纠纷一案，依法向你公告送达裁定书。

方某某：本院受理原告与你买卖合同纠纷一案，因你下落不明，依法向你公告送达起诉状副本、应诉通知书、举证通知书及开庭传票。

江苏省常州市武进区人民法院

徐某某：本院受理原告与你民间借贷纠纷一案，现依法向你公告送达判决书。自公告之日起经过60日即视为送达。

江苏省无锡市新吴区人民法院

赵某某：本院受理原告与你劳动争议纠纷一案，现依法向你公告送达起诉状副本、应诉通知书、举证通知书及开庭传票。

江苏省扬州市邗江区人民法院

孙某某：本院受理原告与你财产损害赔偿纠纷一案，依法向你公告送达起诉状副本及开庭传票。

河北省石家庄市长安区人民法院

周某某：本院受理原告与你合同纠纷一案，依法向你公告送达裁定书。

方某某：本院受理原告与你买卖合同纠纷一案，因你下落不明，依法向你公告送达起诉状副本、应诉通知书、举证通知书及开庭传票。

江苏省常州市武进区人民法院

徐某某：本院受理原告与你民间借贷纠纷一案，现依法向你公告送达判决书。自公告之日起经过60日即视为送达。

江苏省无锡市新吴区人民法院

赵某某：本院受理原告与你劳动争议纠纷一案，现依法向你公告送达起诉状副本、应诉通知书、举证通知书及开庭传票。

江苏省扬州市邗江区人民法院

孙某某：本院受理原告与你财产损害赔偿纠纷一案，依法向你公告送达起诉状副本及开庭传票。

河北省石家庄市长安区人民法院

周某某：本院受理原告与你合同纠纷一案，依法向你公告送达裁定书。

方某某：本院受理原告与你买卖合同纠纷一案，因你下落不明，依法向你公告送达起诉状副本、应诉通知书、举证通知书及开庭传票。

江苏省常州市武进区人民法院

徐某某：本院受理原告与你民间借贷纠纷一案，现依法向你公告送达判决书。自公告之日起经过60日即视为送达。

江苏省无锡市新吴区人民法院

赵某某：本院受理原告与你劳动争议纠纷一案，现依法向你公告送达起诉状副本、应诉通知书、举证通知书及开庭传票。

江苏省扬州市邗江区人民法院

孙某某：本院受理原告与你财产损害赔偿纠纷一案，依法向你公告送达起诉状副本及开庭传票。

河北省石家庄市长安区人民法院

周某某：本院受理原告与你合同纠纷一案，依法向你公告送达裁定书。

方某某：本院受理原告与你买卖合同纠纷一案，因你下落不明，依法向你公告送达起诉状副本、应诉通知书、举证通知书及开庭传票。

江苏省常州市武进区人民法院

徐某某：本院受理原告与你民间借贷纠纷一案，现依法向你公告送达判决书。自公告之日起经过60日即视为送达。

江苏省无锡市新吴区人民法院

赵某某：本院受理原告与你劳动争议纠纷一案，现依法向你公告送达起诉状副本、应诉通知书、举证通知书及开庭传票。

江苏省扬州市邗江区人民法院

孙某某：本院受理原告与你财产损害赔偿纠纷一案，依法向你公告送达起诉状副本及开庭传票。

河北省石家庄市长安区人民法院

周某某：本院受理原告与你合同纠纷一案，依法向你公告送达裁定书。

方某某：本院受理原告与你买卖合同纠纷一案，因你下落不明，依法向你公告送达起诉状副本、应诉通知书、举证通知书及开庭传票。

江苏省常州市武进区人民法院

徐某某：本院受理原告与你民间借贷纠纷一案，现依法向你公告送达判决书。自公告之日起经过60日即视为送达。

江苏省无锡市新吴区人民法院

赵某某：本院受理原告与你劳动争议纠纷一案，现依法向你公告送达起诉状副本、应诉通知书、举证通知书及开庭传票。

江苏省扬州市邗江区人民法院

孙某某：本院受理原告与你财产损害赔偿纠纷一案，依法向你公告送达起诉状副本及开庭传票。

河北省石家庄市长安区人民法院

周某某：本院受理原告与你合同纠纷一案，依法向你公告送达裁定书。

方某某：本院受理原告与你买卖合同纠纷一案，因你下落不明，依法向你公告送达起诉状副本、应诉通知书、举证通知书及开庭传票。

江苏省常州市武进区人民法院

徐某某：本院受理原告与你民间借贷纠纷一案，现依法向你公告送达判决书。自公告之日起经过60日即视为送达。

江苏省无锡市新吴区人民法院

赵某某：本院受理原告与你劳动争议纠纷一案，现依法向你公告送达起诉状副本、应诉通知书、举证通知书及开庭传票。

江苏省扬州市邗江区人民法院

孙某某：本院受理原告与你财产损害赔偿纠纷一案，依法向你公告送达起诉状副本及开庭传票。

河北省石家庄市长安区人民法院

周某某：本院受理原告与你合同纠纷一案，依法向你公告送达裁定书。

方某某：本院受理原告与你买卖合同纠纷一案，因你下落不明，依法向你公告送达起诉状副本、应诉通知书、举证通知书及开庭传票。

江苏省常州市武进区人民法院

徐某某：本院受理原告与你民间借贷纠纷一案，现依法向你公告送达判决书。自公告之日起经过60日即视为送达。

江苏省无锡市新吴区人民法院

赵某某：本院受理原告与你劳动争议纠纷一案，现依法向你公告送达起诉状副本、应诉通知书、举证通知书及开庭传票。

江苏省扬州市邗江区人民法院

孙某某：本院受理原告与你财产损害赔偿纠纷一案，依法向你公告送达起诉状副本及开庭传票。

河北省石家庄市长安区人民法院

周某某：本院受理原告与你合同纠纷一案，依法向你公告送达裁定书。

方某某：本院受理原告与你买卖合同纠纷一案，因你下落不明，依法向你公告送达起诉状副本、应诉通知书、举证通知书及开庭传票。

江苏省常州市武进区人民法院

徐某某：本院受理原告与你民间借贷纠纷一案，现依法向你公告送达判决书。自公告之日起经过60日即视为送达。

江苏省无锡市新吴区人民法院

赵某某：本院受理原告与你劳动争议纠纷一案，现依法向你公告送达起诉状副本、应诉通知书、举证通知书及开庭传票。

江苏省扬州市邗江区人民法院

孙某某：本院受理原告与你财产损害赔偿纠纷一案，依法向你公告送达起诉状副本及开庭传票。

河北省石家庄市长安区人民法院

周某某：本院受理原告与你合同纠纷一案，依法向你公告送达裁定书。

方某某：本院受理原告与你买卖合同纠纷一案，因你下落不明，依法向你公告送达起诉状副本、应诉通知书、举证通知书及开庭传票。

江苏省常州市武进区人民法院

徐某某：本院受理原告与你民间借贷纠纷一案，现依法向你公告送达判决书。自公告之日起经过60日即视为送达。

江苏省无锡市新吴区人民法院

赵某某：本院受理原告与你劳动争议纠纷一案，现依法向你公告送达起诉状副本、应诉通知书、举证通知书及开庭传票。

江苏省扬州市邗江区人民法院

孙某某：本院受理原告与你财产损害赔偿纠纷一案，依法向你公告送达起诉状副本及开庭传票。

河北省石家庄市长安区人民法院

周某某：本院受理原告与你合同纠纷一案，依法向你公告送达裁定书。

方某某：本院受理原告与你买卖合同纠纷一案，因你下落不明，依法向你公告送达起诉状副本、应诉通知书、举证通知书及开庭传票。

江苏省常州市武进区人民法院

徐某某：本院受理原告与你民间借贷纠纷一案，现依法向你公告送达判决书。自公告之日起经过60日即视为送达。

江苏省无锡市新吴区人民法院

赵某某：本院受理原告与你劳动争议纠纷一案，现依法向你公告送达起诉状副本、应诉通知书、举证通知书及开庭传票。

江苏省扬州市邗江区人民法院

孙某某：本院受理原告与你财产损害赔偿纠纷一案，依法向你公告送达起诉状副本及开庭传票。

河北省石家庄市长安区人民法院

周某某：本院受理原告与你合同纠纷一案，依法向你公告送达裁定书。

方某某：本院受理原告与你买卖合同纠纷一案，因你下落不明，依法向你公告送达起诉状副本、应诉通知书、举证通知书及开庭传票。

江苏省常州市武进区人民法院

徐某某：本院受理原告与你民间借贷纠纷一案，现依法向你公告送达判决书。自公告之日起经过60日即视为送达。

江苏省无锡市新吴区人民法院

赵某某：本院受理原告与你劳动争议纠纷一案，现依法向你公告送达起诉状副本、应诉通知书、举证通知书及开庭传票。

江苏省扬州市邗江区人民法院

孙某某：本院受理原告与你财产损害赔偿纠纷一案，依法向你公告送达起诉状副本及开庭传票。

河北省石家庄市长安区人民法院

周某某：本院受理原告与你合同纠纷一案，依法向你公告送达裁定书。

方某某：本院受理原告与你买卖合同纠纷一案，因你下落不明，依法向你公告送达起诉状副本、应诉通知书、举证通知书及开庭传票。

江苏省常州市武进区人民法院

徐某某：本院受理原告与你民间借贷纠纷一案，现依法向你公告送达判决书。自公告之日起经过60日即视为送达。

江苏省无锡市新吴区人民法院

赵某某：本院受理原告与你劳动争议纠纷一案，现依法向你公告送达起诉状副本、应诉通知书、举证通知书及开庭传票。

江苏省扬州市邗江区人民法院

孙某某：本院受理原告与你财产损害赔偿纠纷一案，依法向你公告送达起诉状副本及开庭传票。

河北省石家庄市长安区人民法院

周某某：本院受理原告与你合同纠纷一案，依法向你公告送达裁定书。

方某某：本院受理原告与你买卖合同纠纷一案，因你下落不明，依法向你公告送达起诉状副本、应诉通知书、举证通知书及开庭传票。

江苏省常州市武进区人民法院

徐某某：本院受理原告与你民间借贷纠纷一案，现依法向你公告送达判决书。自公告之日起经过60日即视为送达。

江苏省无锡市新吴区人民法院

赵某某：本院受理原告与你劳动争议纠纷一案，现依法向你公告送达起诉状副本、应诉通知书、举证通知书及开庭传票。

江苏省扬州市邗江区人民法院

孙某某：本院受理原告与你财产损害赔偿纠纷一案，依法向你公告送达起诉状副本及开庭传票。

河北省石家庄市长安区人民法院

周某某：本院受理原告与你合同纠纷一案，依法向你公告送达裁定书。

方某某：本院受理原告与你买卖合同纠纷一案，因你下落不明，依法向你公告送达起诉状副本、应诉通知书、举证通知书及开庭传票。

江苏省常州市武进区人民法院

徐某某：本院受理原告与你民间借贷纠纷一案，现依法向你公告送达判决书。自公告之日起经过60日即视为送达。

江苏省无锡市新吴区人民法院

赵某某：本院受理原告与你劳动争议纠纷一案，现依法向你公告送达起诉状副本、应诉通知书、举证通知书及开庭传票。

江苏省扬州市邗江区人民法院

孙某某：本院受理原告与你财产损害赔偿纠纷一案，依法向你公告送达起诉状副本及开庭传票。

河北省石家庄市长安区人民法院

周某某：本院受理原告与你合同纠纷一案，依法向你公告送达裁定书。

方某某：本院受理原告与你买卖合同纠纷一案，因你下落不明，依法向你公告送达起诉状副本、应诉通知书、举证通知书及开庭传票。

江苏省常州市武进区人民法院

徐某某：本院受理原告与你民间借贷纠纷一案，现依法向你公告送达判决书。自公告之日起经过60日即视为送达。

江苏省无锡市新吴区人民法院

赵某某：本院受理原告与你劳动争议纠纷一案，现依法向你公告送达起诉状副本、应诉通知书、举证通知书及开庭传票。

江苏省扬州市邗江区人民法院

孙某某：本院受理原告与你财产损害赔偿纠纷一案，依法向你公告送达起诉状副本及开庭传票。

河北省石家庄市长安区人民法院

周某某：本院受理原告与你合同纠纷一案，依法向你公告送达裁定书。

方某某：本院受理原告与你买卖合同纠纷一案，因你下落不明，依法向你公告送达起诉状副本、应诉通知书、举证通知书及开庭传票。

江苏省常州市武进区人民法院

徐某某：本院受理原告与你民间借贷纠纷一案，现依法向你公告送达判决书。自公告之日起经过60日即视为送达。

江苏省无锡市新吴区人民法院

赵某某：本院受理原告与你劳动争议纠纷一案，现依法向你公告送达起诉状副本、应诉通知书、举证通知书及开庭传票。

江苏省扬州市邗江区人民法院

孙某某：本院受理原告与你财产损害赔偿纠纷一案，依法向你公告送达起诉状副本及开庭传票。

河北省石家庄市长安区人民法院

周某某：本院受理原告与你合同纠纷一案，依法向你公告送达裁定书。

方某某：本院受理原告与你买卖合同纠纷一案，因你下落不明，依法向你公告送达起诉状副本、应诉通知书、举证通知书及开庭传票。

江苏省常州市武进区人民法院

徐某某：本院受理原告与你民间借贷纠纷一案，现依法向你公告送达判决书。自公告之日起经过60日即视为送达。

江苏省无锡市新吴区人民法院

赵某某：本院受理原告与你劳动争议纠纷一案，现依法向你公告送达起诉状副本、应诉通知书、举证通知书及开庭传票。

江苏省扬州市邗江区人民法院

孙某某：本院受理原告与你财产损害赔偿纠纷一案，依法向你公告送达起诉状副本及开庭传票。

河北省石家庄市长安区人民法院

周某某：本院受理原告与你合同纠纷一案，依法向你公告送达裁定书。

方某某：本院受理原告与你买卖合同纠纷一案，因你下落不明，依法向你公告送达起诉状副本、应诉通知书、举证通知书及开庭传票。

江苏省常州市武进区人民法院

徐某某：本院受理原告与你民间借贷纠纷一案，现依法向你公告送达判决书。自公告之日起经过60日即视为送达。

江苏省无锡市新吴区人民法院

赵某某：本院受理原告与你劳动争议纠纷一案，现依法向你公告送达起诉状副本、应诉通知书、举证通知书及开庭传票。

江苏省扬州市邗江区人民法院

孙某某：本院受理原告与你财产损害赔偿纠纷一案，依法向你公告送达起诉状副本及开庭传票。

河北省石家庄市长安区人民法院

周某某：本院受理原告与你合同纠纷一案，依法向你公告送达裁定书。

方某某：本院受理原告与你买卖合同纠纷一案，因你下落不明，依法向你公告送达起诉状副本、应诉通知书、举证通知书及开庭传票。

江苏省常州市武进区人民法院

徐某某：本院受理原告与你民间借贷纠纷一案，现依法向你公告送达判决书。自公告之日起经过60日即视为送达。

江苏省无锡市新吴区人民法院

赵某某：本院受理原告与你劳动争议纠纷一案，现依法向你公告送达起诉状副本、应诉通知书、举证通知书及开庭传票。

江苏省扬州市邗江区人民法院

孙某某：本院受理原告与你财产损害赔偿纠纷一案，依法向你公告送达起诉状副本及开庭传票。

河北省石家庄市长安区人民法院

周某某：本院受理原告与你合同纠纷一案，依法向你公告送达裁定书。

方某某：本院受理原告与你买卖合同纠纷一案，因你下落不明，依法向你公告送达起诉状副本、应诉通知书、举证通知书及开庭传票。

江苏省常州市武进区人民法院

徐某某：本院受理原告与你民间借贷纠纷一案，现依法向你公告送达判决书。自公告之日起经过60日即视为送达。

江苏省无锡市新吴区人民法院

赵某某：本院受理原告与你劳动争议纠纷一案，现依法向你公告送达起诉状副本、应诉通知书、举证通知书及开庭传票。

江苏省扬州市邗江区人民法院

孙某某：本院受理原告与你财产损害赔偿纠纷一案，依法向你公告送达起诉状副本及开庭传票。

河北省石家庄市长安区人民法院

周某某：本院受理原告与你合同纠纷一案，依法向你公告送达裁定书。

方某某：本院受理原告与你买卖合同纠纷一案，因你下落不明，依法向你公告送达起诉状副本、应诉通知书、举证通知书及开庭传票。

江苏省常州市武进区人民法院

徐某某：本院受理原告与你民间借贷纠纷一案，现依法向你公告送达判决书。自公告之日起经过60日即视为送达。

江苏省无锡市新吴区人民法院

赵某某：本院受理原告与你劳动争议纠纷一案，现依法向你公告送达起诉状副本、应诉通知书、举证通知书及开庭传票。

江苏省扬州市邗江区人民法院

孙某某：本院受理原告与你财产损害赔偿纠纷一案，依法向你公告送达起诉状副本及开庭传票。

河北省石家庄市长安区人民法院

周某某：本院受理原告与你合同纠纷一案，依法向你公告送达裁定书。

5/8 中缝
公告专栏

吴某某：本院受理原告与你民间借贷纠纷一案，因你下落不明，依法向你公告送达起诉状副本、应诉通知书、举证通知书及开庭传票。

江苏省南通市崇川区人民法院

郑某某：本院受理原告与你买卖合同纠纷一案，现依法向你公告送达判决书。如不服本判决，可在公告期满后15日内上诉。

江苏省徐州市鼓楼区人民法院

王某某：本院受理原告与你服务合同纠纷一案，依法向你公告送达起诉状副本及开庭传票。

江苏省泰州市海陵区人民法院

冯某某：本院受理原告与你借款合同纠纷一案，依法向你公告送达应诉通知书、举证通知书。

仲裁公告

本会受理申请人与被申请人之间的合同争议仲裁案，现依法向你公告送达仲裁申请书副本、仲裁通知书、仲裁规则及仲裁员名册。

吴某某：本院受理原告与你民间借贷纠纷一案，因你下落不明，依法向你公告送达起诉状副本、应诉通知书、举证通知书及开庭传票。

江苏省南通市崇川区人民法院

郑某某：本院受理原告与你买卖合同纠纷一案，现依法向你公告送达判决书。如不服本判决，可在公告期满后15日内上诉。

江苏省徐州市鼓楼区人民法院

王某某：本院受理原告与你服务合同纠纷一案，依法向你公告送达起诉状副本及开庭传票。

江苏省泰州市海陵区人民法院

冯某某：本院受理原告与你借款合同纠纷一案，依法向你公告送达应诉通知书、举证通知书。

仲裁公告

本会受理申请人与被申请人之间的合同争议仲裁案，现依法向你公告送达仲裁申请书副本、仲裁通知书、仲裁规则及仲裁员名册。

吴某某：本院受理原告与你民间借贷纠纷一案，因你下落不明，依法向你公告送达起诉状副本、应诉通知书、举证通知书及开庭传票。

江苏省南通市崇川区人民法院

郑某某：本院受理原告与你买卖合同纠纷一案，现依法向你公告送达判决书。如不服本判决，可在公告期满后15日内上诉。

江苏省徐州市鼓楼区人民法院

王某某：本院受理原告与你服务合同纠纷一案，依法向你公告送达起诉状副本及开庭传票。

江苏省泰州市海陵区人民法院

冯某某：本院受理原告与你借款合同纠纷一案，依法向你公告送达应诉通知书、举证通知书。

仲裁公告

本会受理申请人与被申请人之间的合同争议仲裁案，现依法向你公告送达仲裁申请书副本、仲裁通知书、仲裁规则及仲裁员名册。

吴某某：本院受理原告与你民间借贷纠纷一案，因你下落不明，依法向你公告送达起诉状副本、应诉通知书、举证通知书及开庭传票。

江苏省南通市崇川区人民法院

郑某某：本院受理原告与你买卖合同纠纷一案，现依法向你公告送达判决书。如不服本判决，可在公告期满后15日内上诉。

江苏省徐州市鼓楼区人民法院

王某某：本院受理原告与你服务合同纠纷一案，依法向你公告送达起诉状副本及开庭传票。

江苏省泰州市海陵区人民法院

冯某某：本院受理原告与你借款合同纠纷一案，依法向你公告送达应诉通知书、举证通知书。

仲裁公告

本会受理申请人与被申请人之间的合同争议仲裁案，现依法向你公告送达仲裁申请书副本、仲裁通知书、仲裁规则及仲裁员名册。

吴某某：本院受理原告与你民间借贷纠纷一案，因你下落不明，依法向你公告送达起诉状副本、应诉通知书、举证通知书及开庭传票。

江苏省南通市崇川区人民法院

郑某某：本院受理原告与你买卖合同纠纷一案，现依法向你公告送达判决书。如不服本判决，可在公告期满后15日内上诉。

江苏省徐州市鼓楼区人民法院

王某某：本院受理原告与你服务合同纠纷一案，依法向你公告送达起诉状副本及开庭传票。

江苏省泰州市海陵区人民法院

冯某某：本院受理原告与你借款合同纠纷一案，依法向你公告送达应诉通知书、举证通知书。

仲裁公告

本会受理申请人与被申请人之间的合同争议仲裁案，现依法向你公告送达仲裁申请书副本、仲裁通知书、仲裁规则及仲裁员名册。

吴某某：本院受理原告与你民间借贷纠纷一案，因你下落不明，依法向你公告送达起诉状副本、应诉通知书、举证通知书及开庭传票。

江苏省南通市崇川区人民法院

郑某某：本院受理原告与你买卖合同纠纷一案，现依法向你公告送达判决书。如不服本判决，可在公告期满后15日内上诉。

江苏省徐州市鼓楼区人民法院

王某某：本院受理原告与你服务合同纠纷一案，依法向你公告送达起诉状副本及开庭传票。

江苏省泰州市海陵区人民法院

冯某某：本院受理原告与你借款合同纠纷一案，依法向你公告送达应诉通知书、举证通知书。

仲裁公告

本会受理申请人与被申请人之间的合同争议仲裁案，现依法向你公告送达仲裁申请书副本、仲裁通知书、仲裁规则及仲裁员名册。

吴某某：本院受理原告与你民间借贷纠纷一案，因你下落不明，依法向你公告送达起诉状副本、应诉通知书、举证通知书及开庭传票。

江苏省南通市崇川区人民法院

郑某某：本院受理原告与你买卖合同纠纷一案，现依法向你公告送达判决书。如不服本判决，可在公告期满后15日内上诉。

江苏省徐州市鼓楼区人民法院

王某某：本院受理原告与你服务合同纠纷一案，依法向你公告送达起诉状副本及开庭传票。

江苏省泰州市海陵区人民法院

冯某某：本院受理原告与你借款合同纠纷一案，依法向你公告送达应诉通知书、举证通知书。

仲裁公告

本会受理申请人与被申请人之间的合同争议仲裁案，现依法向你公告送达仲裁申请书副本、仲裁通知书、仲裁规则及仲裁员名册。

吴某某：本院受理原告与你民间借贷纠纷一案，因你下落不明，依法向你公告送达起诉状副本、应诉通知书、举证通知书及开庭传票。

江苏省南通市崇川区人民法院

郑某某：本院受理原告与你买卖合同纠纷一案，现依法向你公告送达判决书。如不服本判决，可在公告期满后15日内上诉。

江苏省徐州市鼓楼区人民法院

王某某：本院受理原告与你服务合同纠纷一案，依法向你公告送达起诉状副本及开庭传票。

江苏省泰州市海陵区人民法院

冯某某：本院受理原告与你借款合同纠纷一案，依法向你公告送达应诉通知书、举证通知书。

仲裁公告

本会受理申请人与被申请人之间的合同争议仲裁案，现依法向你公告送达仲裁申请书副本、仲裁通知书、仲裁规则及仲裁员名册。

吴某某：本院受理原告与你民间借贷纠纷一案，因你下落不明，依法向你公告送达起诉状副本、应诉通知书、举证通知书及开庭传票。

江苏省南通市崇川区人民法院

郑某某：本院受理原告与你买卖合同纠纷一案，现依法向你公告送达判决书。如不服本判决，可在公告期满后15日内上诉。

江苏省徐州市鼓楼区人民法院

王某某：本院受理原告与你服务合同纠纷一案，依法向你公告送达起诉状副本及开庭传票。

江苏省泰州市海陵区人民法院

冯某某：本院受理原告与你借款合同纠纷一案，依法向你公告送达应诉通知书、举证通知书。

仲裁公告

本会受理申请人与被申请人之间的合同争议仲裁案，现依法向你公告送达仲裁申请书副本、仲裁通知书、仲裁规则及仲裁员名册。

吴某某：本院受理原告与你民间借贷纠纷一案，因你下落不明，依法向你公告送达起诉状副本、应诉通知书、举证通知书及开庭传票。

江苏省南通市崇川区人民法院

郑某某：本院受理原告与你买卖合同纠纷一案，现依法向你公告送达判决书。如不服本判决，可在公告期满后15日内上诉。

江苏省徐州市鼓楼区人民法院

王某某：本院受理原告与你服务合同纠纷一案，依法向你公告送达起诉状副本及开庭传票。

江苏省泰州市海陵区人民法院

冯某某：本院受理原告与你借款合同纠纷一案，依法向你公告送达应诉通知书、举证通知书。

仲裁公告

本会受理申请人与被申请人之间的合同争议仲裁案，现依法向你公告送达仲裁申请书副本、仲裁通知书、仲裁规则及仲裁员名册。

吴某某：本院受理原告与你民间借贷纠纷一案，因你下落不明，依法向你公告送达起诉状副本、应诉通知书、举证通知书及开庭传票。

江苏省南通市崇川区人民法院

郑某某：本院受理原告与你买卖合同纠纷一案，现依法向你公告送达判决书。如不服本判决，可在公告期满后15日内上诉。

江苏省徐州市鼓楼区人民法院

王某某：本院受理原告与你服务合同纠纷一案，依法向你公告送达起诉状副本及开庭传票。

江苏省泰州市海陵区人民法院

冯某某：本院受理原告与你借款合同纠纷一案，依法向你公告送达应诉通知书、举证通知书。

仲裁公告

本会受理申请人与被申请人之间的合同争议仲裁案，现依法向你公告送达仲裁申请书副本、仲裁通知书、仲裁规则及仲裁员名册。

吴某某：本院受理原告与你民间借贷纠纷一案，因你下落不明，依法向你公告送达起诉状副本、应诉通知书、举证通知书及开庭传票。

江苏省南通市崇川区人民法院

郑某某：本院受理原告与你买卖合同纠纷一案，现依法向你公告送达判决书。如不服本判决，可在公告期满后15日内上诉。

江苏省徐州市鼓楼区人民法院

王某某：本院受理原告与你服务合同纠纷一案，依法向你公告送达起诉状副本及开庭传票。

江苏省泰州市海陵区人民法院

冯某某：本院受理原告与你借款合同纠纷一案，依法向你公告送达应诉通知书、举证通知书。

仲裁公告

本会受理申请人与被申请人之间的合同争议仲裁案，现依法向你公告送达仲裁申请书副本、仲裁通知书、仲裁规则及仲裁员名册。

吴某某：本院受理原告与你民间借贷纠纷一案，因你下落不明，依法向你公告送达起诉状副本、应诉通知书、举证通知书及开庭传票。

江苏省南通市崇川区人民法院

郑某某：本院受理原告与你买卖合同纠纷一案，现依法向你公告送达判决书。如不服本判决，可在公告期满后15日内上诉。

江苏省徐州市鼓楼区人民法院

王某某：本院受理原告与你服务合同纠纷一案，依法向你公告送达起诉状副本及开庭传票。

江苏省泰州市海陵区人民法院

冯某某：本院受理原告与你借款合同纠纷一案，依法向你公告送达应诉通知书、举证通知书。

仲裁公告

本会受理申请人与被申请人之间的合同争议仲裁案，现依法向你公告送达仲裁申请书副本、仲裁通知书、仲裁规则及仲裁员名册。

吴某某：本院受理原告与你民间借贷纠纷一案，因你下落不明，依法向你公告送达起诉状副本、应诉通知书、举证通知书及开庭传票。

江苏省南通市崇川区人民法院

郑某某：本院受理原告与你买卖合同纠纷一案，现依法向你公告送达判决书。如不服本判决，可在公告期满后15日内上诉。

江苏省徐州市鼓楼区人民法院

王某某：本院受理原告与你服务合同纠纷一案，依法向你公告送达起诉状副本及开庭传票。

江苏省泰州市海陵区人民法院

冯某某：本院受理原告与你借款合同纠纷一案，依法向你公告送达应诉通知书、举证通知书。

仲裁公告

本会受理申请人与被申请人之间的合同争议仲裁案，现依法向你公告送达仲裁申请书副本、仲裁通知书、仲裁规则及仲裁员名册。

吴某某：本院受理原告与你民间借贷纠纷一案，因你下落不明，依法向你公告送达起诉状副本、应诉通知书、举证通知书及开庭传票。

江苏省南通市崇川区人民法院

郑某某：本院受理原告与你买卖合同纠纷一案，现依法向你公告送达判决书。如不服本判决，可在公告期满后15日内上诉。

江苏省徐州市鼓楼区人民法院

王某某：本院受理原告与你服务合同纠纷一案，依法向你公告送达起诉状副本及开庭传票。

江苏省泰州市海陵区人民法院

冯某某：本院受理原告与你借款合同纠纷一案，依法向你公告送达应诉通知书、举证通知书。

仲裁公告

本会受理申请人与被申请人之间的合同争议仲裁案，现依法向你公告送达仲裁申请书副本、仲裁通知书、仲裁规则及仲裁员名册。

吴某某：本院受理原告与你民间借贷纠纷一案，因你下落不明，依法向你公告送达起诉状副本、应诉通知书、举证通知书及开庭传票。

江苏省南通市崇川区人民法院

郑某某：本院受理原告与你买卖合同纠纷一案，现依法向你公告送达判决书。如不服本判决，可在公告期满后15日内上诉。

江苏省徐州市鼓楼区人民法院

王某某：本院受理原告与你服务合同纠纷一案，依法向你公告送达起诉状副本及开庭传票。

江苏省泰州市海陵区人民法院

冯某某：本院受理原告与你借款合同纠纷一案，依法向你公告送达应诉通知书、举证通知书。

仲裁公告

本会受理申请人与被申请人之间的合同争议仲裁案，现依法向你公告送达仲裁申请书副本、仲裁通知书、仲裁规则及仲裁员名册。

吴某某：本院受理原告与你民间借贷纠纷一案，因你下落不明，依法向你公告送达起诉状副本、应诉通知书、举证通知书及开庭传票。

江苏省南通市崇川区人民法院

郑某某：本院受理原告与你买卖合同纠纷一案，现依法向你公告送达判决书。如不服本判决，可在公告期满后15日内上诉。

江苏省徐州市鼓楼区人民法院

王某某：本院受理原告与你服务合同纠纷一案，依法向你公告送达起诉状副本及开庭传票。

江苏省泰州市海陵区人民法院

冯某某：本院受理原告与你借款合同纠纷一案，依法向你公告送达应诉通知书、举证通知书。

仲裁公告

本会受理申请人与被申请人之间的合同争议仲裁案，现依法向你公告送达仲裁申请书副本、仲裁通知书、仲裁规则及仲裁员名册。

吴某某：本院受理原告与你民间借贷纠纷一案，因你下落不明，依法向你公告送达起诉状副本、应诉通知书、举证通知书及开庭传票。

江苏省南通市崇川区人民法院

郑某某：本院受理原告与你买卖合同纠纷一案，现依法向你公告送达判决书。如不服本判决，可在公告期满后15日内上诉。

江苏省徐州市鼓楼区人民法院

王某某：本院受理原告与你服务合同纠纷一案，依法向你公告送达起诉状副本及开庭传票。

江苏省泰州市海陵区人民法院

冯某某：本院受理原告与你借款合同纠纷一案，依法向你公告送达应诉通知书、举证通知书。

仲裁公告

本会受理申请人与被申请人之间的合同争议仲裁案，现依法向你公告送达仲裁申请书副本、仲裁通知书、仲裁规则及仲裁员名册。

吴某某：本院受理原告与你民间借贷纠纷一案，因你下落不明，依法向你公告送达起诉状副本、应诉通知书、举证通知书及开庭传票。

江苏省南通市崇川区人民法院

郑某某：本院受理原告与你买卖合同纠纷一案，现依法向你公告送达判决书。如不服本判决，可在公告期满后15日内上诉。

江苏省徐州市鼓楼区人民法院

王某某：本院受理原告与你服务合同纠纷一案，依法向你公告送达起诉状副本及开庭传票。

江苏省泰州市海陵区人民法院

冯某某：本院受理原告与你借款合同纠纷一案，依法向你公告送达应诉通知书、举证通知书。

仲裁公告

本会受理申请人与被申请人之间的合同争议仲裁案，现依法向你公告送达仲裁申请书副本、仲裁通知书、仲裁规则及仲裁员名册。

吴某某：本院受理原告与你民间借贷纠纷一案，因你下落不明，依法向你公告送达起诉状副本、应诉通知书、举证通知书及开庭传票。

江苏省南通市崇川区人民法院

郑某某：本院受理原告与你买卖合同纠纷一案，现依法向你公告送达判决书。如不服本判决，可在公告期满后15日内上诉。

江苏省徐州市鼓楼区人民法院

王某某：本院受理原告与你服务合同纠纷一案，依法向你公告送达起诉状副本及开庭传票。

江苏省泰州市海陵区人民法院

冯某某：本院受理原告与你借款合同纠纷一案，依法向你公告送达应诉通知书、举证通知书。

仲裁公告

本会受理申请人与被申请人之间的合同争议仲裁案，现依法向你公告送达仲裁申请书副本、仲裁通知书、仲裁规则及仲裁员名册。

吴某某：本院受理原告与你民间借贷纠纷一案，因你下落不明，依法向你公告送达起诉状副本、应诉通知书、举证通知书及开庭传票。

江苏省南通市崇川区人民法院

郑某某：本院受理原告与你买卖合同纠纷一案，现依法向你公告送达判决书。如不服本判决，可在公告期满后15日内上诉。

江苏省徐州市鼓楼区人民法院

王某某：本院受理原告与你服务合同纠纷一案，依法向你公告送达起诉状副本及开庭传票。

江苏省泰州市海陵区人民法院

冯某某：本院受理原告与你借款合同纠纷一案，依法向你公告送达应诉通知书、举证通知书。

仲裁公告

本会受理申请人与被申请人之间的合同争议仲裁案，现依法向你公告送达仲裁申请书副本、仲裁通知书、仲裁规则及仲裁员名册。

吴某某：本院受理原告与你民间借贷纠纷一案，因你下落不明，依法向你公告送达起诉状副本、应诉通知书、举证通知书及开庭传票。

江苏省南通市崇川区人民法院

郑某某：本院受理原告与你买卖合同纠纷一案，现依法向你公告送达判决书。如不服本判决，可在公告期满后15日内上诉。

江苏省徐州市鼓楼区人民法院

王某某：本院受理原告与你服务合同纠纷一案，依法向你公告送达起诉状副本及开庭传票。

江苏省泰州市海陵区人民法院

冯某某：本院受理原告与你借款合同纠纷一案，依法向你公告送达应诉通知书、举证通知书。

仲裁公告

本会受理申请人与被申请人之间的合同争议仲裁案，现依法向你公告送达仲裁申请书副本、仲裁通知书、仲裁规则及仲裁员名册。

吴某某：本院受理原告与你民间借贷纠纷一案，因你下落不明，依法向你公告送达起诉状副本、应诉通知书、举证通知书及开庭传票。

江苏省南通市崇川区人民法院

郑某某：本院受理原告与你买卖合同纠纷一案，现依法向你公告送达判决书。如不服本判决，可在公告期满后15日内上诉。

江苏省徐州市鼓楼区人民法院

王某某：本院受理原告与你服务合同纠纷一案，依法向你公告送达起诉状副本及开庭传票。

江苏省泰州市海陵区人民法院

冯某某：本院受理原告与你借款合同纠纷一案，依法向你公告送达应诉通知书、举证通知书。

仲裁公告

本会受理申请人与被申请人之间的合同争议仲裁案，现依法向你公告送达仲裁申请书副本、仲裁通知书、仲裁规则及仲裁员名册。

吴某某：本院受理原告与你民间借贷纠纷一案，因你下落不明，依法向你公告送达起诉状副本、应诉通知书、举证通知书及开庭传票。

江苏省南通市崇川区人民法院

郑某某：本院受理原告与你买卖合同纠纷一案，现依法向你公告送达判决书。如不服本判决，可在公告期满后15日内上诉。

江苏省徐州市鼓楼区人民法院

王某某：本院受理原告与你服务合同纠纷一案，依法向你公告送达起诉状副本及开庭传票。

江苏省泰州市海陵区人民法院

冯某某：本院受理原告与你借款合同纠纷一案，依法向你公告送达应诉通知书、举证通知书。

仲裁公告

本会受理申请人与被申请人之间的合同争议仲裁案，现依法向你公告送达仲裁申请书副本、仲裁通知书、仲裁规则及仲裁员名册。

吴某某：本院受理原告与你民间借贷纠纷一案，因你下落不明，依法向你公告送达起诉状副本、应诉通知书、举证通知书及开庭传票。

江苏省南通市崇川区人民法院

郑某某：本院受理原告与你买卖合同纠纷一案，现依法向你公告送达判决书。如不服本判决，可在公告期满后15日内上诉。

江苏省徐州市鼓楼区人民法院

王某某：本院受理原告与你服务合同纠纷一案，依法向你公告送达起诉状副本及开庭传票。

江苏省泰州市海陵区人民法院

冯某某：本院受理原告与你借款合同纠纷一案，依法向你公告送达应诉通知书、举证通知书。

仲裁公告

本会受理申请人与被申请人之间的合同争议仲裁案，现依法向你公告送达仲裁申请书副本、仲裁通知书、仲裁规则及仲裁员名册。

吴某某：本院受理原告与你民间借贷纠纷一案，因你下落不明，依法向你公告送达起诉状副本、应诉通知书、举证通知书及开庭传票。

江苏省南通市崇川区人民法院

郑某某：本院受理原告与你买卖合同纠纷一案，现依法向你公告送达判决书。如不服本判决，可在公告期满后15日内上诉。

江苏省徐州市鼓楼区人民法院

王某某：本院受理原告与你服务合同纠纷一案，依法向你公告送达起诉状副本及开庭传票。

江苏省泰州市海陵区人民法院

冯某某：本院受理原告与你借款合同纠纷一案，依法向你公告送达应诉通知书、举证通知书。

仲裁公告

本会受理申请人与被申请人之间的合同争议仲裁案，现依法向你公告送达仲裁申请书副本、仲裁通知书、仲裁规则及仲裁员名册。

吴某某：本院受理原告与你民间借贷纠纷一案，因你下落不明，依法向你公告送达起诉状副本、应诉通知书、举证通知书及开庭传票。

江苏省南通市崇川区人民法院

郑某某：本院受理原告与你买卖合同纠纷一案，现依法向你公告送达判决书。如不服本判决，可在公告期满后15日内上诉。

江苏省徐州市鼓楼区人民法院

王某某：本院受理原告与你服务合同纠纷一案，依法向你公告送达起诉状副本及开庭传票。

江苏省泰州市海陵区人民法院

冯某某：本院受理原告与你借款合同纠纷一案，依法向你公告送达应诉通知书、举证通知书。

仲裁公告

本会受理申请人与被申请人之间的合同争议仲裁案，现依法向你公告送达仲裁申请书副本、仲裁通知书、仲裁规则及仲裁员名册。

吴某某：本院受理原告与你民间借贷纠纷一案，因你下落不明，依法向你公告送达起诉状副本、应诉通知书、举证通知书及开庭传票。

江苏省南通市崇川区人民法院

郑某某：本院受理原告与你买卖合同纠纷一案，现依法向你公告送达判决书。如不服本判决，可在公告期满后15日内上诉。

江苏省徐州市鼓楼区人民法院

王某某：本院受理原告与你服务合同纠纷一案，依法向你公告送达起诉状副本及开庭传票。

江苏省泰州市海陵区人民法院

冯某某：本院受理原告与你借款合同纠纷一案，依法向你公告送达应诉通知书、举证通知书。

仲裁公告

本会受理申请人与被申请人之间的合同争议仲裁案，现依法向你公告送达仲裁申请书副本、仲裁通知书、仲裁规则及仲裁员名册。

吴某某：本院受理原告与你民间借贷纠纷一案，因你下落不明，依法向你公告送达起诉状副本、应诉通知书、举证通知书及开庭传票。

江苏省南通市崇川区人民法院

郑某某：本院受理原告与你买卖合同纠纷一案，现依法向你公告送达判决书。如不服本判决，可在公告期满后15日内上诉。

江苏省徐州市鼓楼区人民法院

王某某：本院受理原告与你服务合同纠纷一案，依法向你公告送达起诉状副本及开庭传票。

江苏省泰州市海陵区人民法院

冯某某：本院受理原告与你借款合同纠纷一案，依法向你公告送达应诉通知书、举证通知书。

仲裁公告

本会受理申请人与被申请人之间的合同争议仲裁案，现依法向你公告送达仲裁申请书副本、仲裁通知书、仲裁规则及仲裁员名册。

吴某某：本院受理原告与你民间借贷纠纷一案，因你下落不明，依法向你公告送达起诉状副本、应诉通知书、举证通知书及开庭传票。

江苏省南通市崇川区人民法院

郑某某：本院受理原告与你买卖合同纠纷一案，现依法向你公告送达判决书。如不服本判决，可在公告期满后15日内上诉。

江苏省徐州市鼓楼区人民法院

王某某：本院受理原告与你服务合同纠纷一案，依法向你公告送达起诉状副本及开庭传票。

江苏省泰州市海陵区人民法院

冯某某：本院受理原告与你借款合同纠纷一案，依法向你公告送达应诉通知书、举证通知书。

仲裁公告

本会受理申请人与被申请人之间的合同争议仲裁案，现依法向你公告送达仲裁申请书副本、仲裁通知书、仲裁规则及仲裁员名册。

吴某某：本院受理原告与你民间借贷纠纷一案，因你下落不明，依法向你公告送达起诉状副本、应诉通知书、举证通知书及开庭传票。

江苏省南通市崇川区人民法院

郑某某：本院受理原告与你买卖合同纠纷一案，现依法向你公告送达判决书。如不服本判决，可在公告期满后15日内上诉。

江苏省徐州市鼓楼区人民法院

王某某：本院受理原告与你服务合同纠纷一案，依法向你公告送达起诉状副本及开庭传票。

江苏省泰州市海陵区人民法院

冯某某：本院受理原告与你借款合同纠纷一案，依法向你公告送达应诉通知书、举证通知书。

仲裁公告

本会受理申请人与被申请人之间的合同争议仲裁案，现依法向你公告送达仲裁申请书副本、仲裁通知书、仲裁规则及仲裁员名册。

吴某某：本院受理原告与你民间借贷纠纷一案，因你下落不明，依法向你公告送达起诉状副本、应诉通知书、举证通知书及开庭传票。

江苏省南通市崇川区人民法院

郑某某：本院受理原告与你买卖合同纠纷一案，现依法向你公告送达判决书。如不服本判决，可在公告期满后15日内上诉。

江苏省徐州市鼓楼区人民法院

王某某：本院受理原告与你服务合同纠纷一案，依法向你公告送达起诉状副本及开庭传票。

江苏省泰州市海陵区人民法院

冯某某：本院受理原告与你借款合同纠纷一案，依法向你公告送达应诉通知书、举证通知书。

仲裁公告

本会受理申请人与被申请人之间的合同争议仲裁案，现依法向你公告送达仲裁申请书副本、仲裁通知书、仲裁规则及仲裁员名册。

吴某某：本院受理原告与你民间借贷纠纷一案，因你下落不明，依法向你公告送达起诉状副本、应诉通知书、举证通知书及开庭传票。

江苏省南通市崇川区人民法院

郑某某：本院受理原告与你买卖合同纠纷一案，现依法向你公告送达判决书。如不服本判决，可在公告期满后15日内上诉。

江苏省徐州市鼓楼区人民法院

王某某：本院受理原告与你服务合同纠纷一案，依法向你公告送达起诉状副本及开庭传票。

江苏省泰州市海陵区人民法院

冯某某：本院受理原告与你借款合同纠纷一案，依法向你公告送达应诉通知书、举证通知书。

仲裁公告

本会受理申请人与被申请人之间的合同争议仲裁案，现依法向你公告送达仲裁申请书副本、仲裁通知书、仲裁规则及仲裁员名册。

吴某某：本院受理原告与你民间借贷纠纷一案，因你下落不明，依法向你公告送达起诉状副本、应诉通知书、举证通知书及开庭传票。

江苏省南通市崇川区人民法院

郑某某：本院受理原告与你买卖合同纠纷一案，现依法向你公告送达判决书。如不服本判决，可在公告期满后15日内上诉。

江苏省徐州市鼓楼区人民法院

王某某：本院受理原告与你服务合同纠纷一案，依法向你公告送达起诉状副本及开庭传票。

江苏省泰州市海陵区人民法院

冯某某：本院受理原告与你借款合同纠纷一案，依法向你公告送达应诉通知书、举证通知书。

仲裁公告

本会受理申请人与被申请人之间的合同争议仲裁案，现依法向你公告送达仲裁申请书副本、仲裁通知书、仲裁规则及仲裁员名册。

吴某某：本院受理原告与你民间借贷纠纷一案，因你下落不明，依法向你公告送达起诉状副本、应诉通知书、举证通知书及开庭传票。

江苏省南通市崇川区人民法院

郑某某：本院受理原告与你买卖合同纠纷一案，现依法向你公告送达判决书。如不服本判决，可在公告期满后15日内上诉。

江苏省徐州市鼓楼区人民法院

王某某：本院受理原告与你服务合同纠纷一案，依法向你公告送达起诉状副本及开庭传票。

江苏省泰州市海陵区人民法院

冯某某：本院受理原告与你借款合同纠纷一案，依法向你公告送达应诉通知书、举证通知书。

仲裁公告

本会受理申请人与被申请人之间的合同争议仲裁案，现依法向你公告送达仲裁申请书副本、仲裁通知书、仲裁规则及仲裁员名册。

吴某某：本院受理原告与你民间借贷纠纷一案，因你下落不明，依法向你公告送达起诉状副本、应诉通知书、举证通知书及开庭传票。

江苏省南通市崇川区人民法院

郑某某：本院受理原告与你买卖合同纠纷一案，现依法向你公告送达判决书。如不服本判决，可在公告期满后15日内上诉。

江苏省徐州市鼓楼区人民法院

王某某：本院受理原告与你服务合同纠纷一案，依法向你公告送达起诉状副本及开庭传票。

江苏省泰州市海陵区人民法院

冯某某：本院受理原告与你借款合同纠纷一案，依法向你公告送达应诉通知书、举证通知书。

仲裁公告

本会受理申请人与被申请人之间的合同争议仲裁案，现依法向你公告送达仲裁申请书副本、仲裁通知书、仲裁规则及仲裁员名册。

吴某某：本院受理原告与你民间借贷纠纷一案，因你下落不明，依法向你公告送达起诉状副本、应诉通知书、举证通知书及开庭传票。

江苏省南通市崇川区人民法院

郑某某：本院受理原告与你买卖合同纠纷一案，现依法向你公告送达判决书。如不服本判决，可在公告期满后15日内上诉。

江苏省徐州市鼓楼区人民法院

王某某：本院受理原告与你服务合同纠纷一案，依法向你公告送达起诉状副本及开庭传票。

江苏省泰州市海陵区人民法院

冯某某：本院受理原告与你借款合同纠纷一案，依法向你公告送达应诉通知书、举证通知书。

仲裁公告

本会受理申请人与被申请人之间的合同争议仲裁案，现依法向你公告送达仲裁申请书副本、仲裁通知书、仲裁规则及仲裁员名册。

吴某某：本院受理原告与你民间借贷纠纷一案，因你下落不明，依法向你公告送达起诉状副本、应诉通知书、举证通知书及开庭传票。

江苏省南通市崇川区人民法院

郑某某：本院受理原告与你买卖合同纠纷一案，现依法向你公告送达判决书。如不服本判决，可在公告期满后15日内上诉。

江苏省徐州市鼓楼区人民法院

王某某：本院受理原告与你服务合同纠纷一案，依法向你公告送达起诉状副本及开庭传票。

江苏省泰州市海陵区人民法院

冯某某：本院受理原告与你借款合同纠纷一案，依法向你公告送达应诉通知书、举证通知书。

仲裁公告

本会受理申请人与被申请人之间的合同争议仲裁案，现依法向你公告送达仲裁申请书副本、仲裁通知书、仲裁规则及仲裁员名册。

吴某某：本院受理原告与你民间借贷纠纷一案，因你下落不明，依法向你公告送达起诉状副本、应诉通知书、举证通知书及开庭传票。

6/7 中缝
公告专栏

陈某某：本院受理原告与你金融借款合同纠纷一案，因你下落不明，依法向你公告送达起诉状副本、应诉通知书、举证通知书及开庭传票。

江苏省苏州工业园区人民法院

褚某某：本院受理原告与你信用卡纠纷一案，现依法向你公告送达起诉状副本及开庭传票。

江苏省昆山市人民法院

卫某某：本院受理原告与你追偿权纠纷一案，依法向你公告送达判决书。自公告之日起经过60日即视为送达。

江苏省张家港市人民法院

蒋某某：本院受理原告与你离婚纠纷一案，依法向你公告送达起诉状副本、应诉通知书及开庭传票。

江苏省常熟市人民法院

沈某某：本院受理原告与你租赁合同纠纷一案，依法向你公告送达裁定书。

陈某某：本院受理原告与你金融借款合同纠纷一案，因你下落不明，依法向你公告送达起诉状副本、应诉通知书、举证通知书及开庭传票。

江苏省苏州工业园区人民法院

褚某某：本院受理原告与你信用卡纠纷一案，现依法向你公告送达起诉状副本及开庭传票。

江苏省昆山市人民法院

卫某某：本院受理原告与你追偿权纠纷一案，依法向你公告送达判决书。自公告之日起经过60日即视为送达。

江苏省张家港市人民法院

蒋某某：本院受理原告与你离婚纠纷一案，依法向你公告送达起诉状副本、应诉通知书及开庭传票。

江苏省常熟市人民法院

沈某某：本院受理原告与你租赁合同纠纷一案，依法向你公告送达裁定书。

陈某某：本院受理原告与你金融借款合同纠纷一案，因你下落不明，依法向你公告送达起诉状副本、应诉通知书、举证通知书及开庭传票。

江苏省苏州工业园区人民法院

褚某某：本院受理原告与你信用卡纠纷一案，现依法向你公告送达起诉状副本及开庭传票。

江苏省昆山市人民法院

卫某某：本院受理原告与你追偿权纠纷一案，依法向你公告送达判决书。自公告之日起经过60日即视为送达。

江苏省张家港市人民法院

蒋某某：本院受理原告与你离婚纠纷一案，依法向你公告送达起诉状副本、应诉通知书及开庭传票。

江苏省常熟市人民法院

沈某某：本院受理原告与你租赁合同纠纷一案，依法向你公告送达裁定书。

陈某某：本院受理原告与你金融借款合同纠纷一案，因你下落不明，依法向你公告送达起诉状副本、应诉通知书、举证通知书及开庭传票。

江苏省苏州工业园区人民法院

褚某某：本院受理原告与你信用卡纠纷一案，现依法向你公告送达起诉状副本及开庭传票。

江苏省昆山市人民法院

卫某某：本院受理原告与你追偿权纠纷一案，依法向你公告送达判决书。自公告之日起经过60日即视为送达。

江苏省张家港市人民法院

蒋某某：本院受理原告与你离婚纠纷一案，依法向你公告送达起诉状副本、应诉通知书及开庭传票。

江苏省常熟市人民法院

沈某某：本院受理原告与你租赁合同纠纷一案，依法向你公告送达裁定书。

陈某某：本院受理原告与你金融借款合同纠纷一案，因你下落不明，依法向你公告送达起诉状副本、应诉通知书、举证通知书及开庭传票。

江苏省苏州工业园区人民法院

褚某某：本院受理原告与你信用卡纠纷一案，现依法向你公告送达起诉状副本及开庭传票。

江苏省昆山市人民法院

卫某某：本院受理原告与你追偿权纠纷一案，依法向你公告送达判决书。自公告之日起经过60日即视为送达。

江苏省张家港市人民法院

蒋某某：本院受理原告与你离婚纠纷一案，依法向你公告送达起诉状副本、应诉通知书及开庭传票。

江苏省常熟市人民法院

沈某某：本院受理原告与你租赁合同纠纷一案，依法向你公告送达裁定书。

陈某某：本院受理原告与你金融借款合同纠纷一案，因你下落不明，依法向你公告送达起诉状副本、应诉通知书、举证通知书及开庭传票。

江苏省苏州工业园区人民法院

褚某某：本院受理原告与你信用卡纠纷一案，现依法向你公告送达起诉状副本及开庭传票。

江苏省昆山市人民法院

卫某某：本院受理原告与你追偿权纠纷一案，依法向你公告送达判决书。自公告之日起经过60日即视为送达。

江苏省张家港市人民法院

蒋某某：本院受理原告与你离婚纠纷一案，依法向你公告送达起诉状副本、应诉通知书及开庭传票。

江苏省常熟市人民法院

沈某某：本院受理原告与你租赁合同纠纷一案，依法向你公告送达裁定书。

陈某某：本院受理原告与你金融借款合同纠纷一案，因你下落不明，依法向你公告送达起诉状副本、应诉通知书、举证通知书及开庭传票。

江苏省苏州工业园区人民法院

褚某某：本院受理原告与你信用卡纠纷一案，现依法向你公告送达起诉状副本及开庭传票。

江苏省昆山市人民法院

卫某某：本院受理原告与你追偿权纠纷一案，依法向你公告送达判决书。自公告之日起经过60日即视为送达。

江苏省张家港市人民法院

蒋某某：本院受理原告与你离婚纠纷一案，依法向你公告送达起诉状副本、应诉通知书及开庭传票。

江苏省常熟市人民法院

沈某某：本院受理原告与你租赁合同纠纷一案，依法向你公告送达裁定书。

陈某某：本院受理原告与你金融借款合同纠纷一案，因你下落不明，依法向你公告送达起诉状副本、应诉通知书、举证通知书及开庭传票。

江苏省苏州工业园区人民法院

褚某某：本院受理原告与你信用卡纠纷一案，现依法向你公告送达起诉状副本及开庭传票。

江苏省昆山市人民法院

卫某某：本院受理原告与你追偿权纠纷一案，依法向你公告送达判决书。自公告之日起经过60日即视为送达。

江苏省张家港市人民法院

蒋某某：本院受理原告与你离婚纠纷一案，依法向你公告送达起诉状副本、应诉通知书及开庭传票。

江苏省常熟市人民法院

沈某某：本院受理原告与你租赁合同纠纷一案，依法向你公告送达裁定书。

陈某某：本院受理原告与你金融借款合同纠纷一案，因你下落不明，依法向你公告送达起诉状副本、应诉通知书、举证通知书及开庭传票。

江苏省苏州工业园区人民法院

褚某某：本院受理原告与你信用卡纠纷一案，现依法向你公告送达起诉状副本及开庭传票。

江苏省昆山市人民法院

卫某某：本院受理原告与你追偿权纠纷一案，依法向你公告送达判决书。自公告之日起经过60日即视为送达。

江苏省张家港市人民法院

蒋某某：本院受理原告与你离婚纠纷一案，依法向你公告送达起诉状副本、应诉通知书及开庭传票。

江苏省常熟市人民法院

沈某某：本院受理原告与你租赁合同纠纷一案，依法向你公告送达裁定书。

陈某某：本院受理原告与你金融借款合同纠纷一案，因你下落不明，依法向你公告送达起诉状副本、应诉通知书、举证通知书及开庭传票。

江苏省苏州工业园区人民法院

褚某某：本院受理原告与你信用卡纠纷一案，现依法向你公告送达起诉状副本及开庭传票。

江苏省昆山市人民法院

卫某某：本院受理原告与你追偿权纠纷一案，依法向你公告送达判决书。自公告之日起经过60日即视为送达。

江苏省张家港市人民法院

蒋某某：本院受理原告与你离婚纠纷一案，依法向你公告送达起诉状副本、应诉通知书及开庭传票。

江苏省常熟市人民法院

沈某某：本院受理原告与你租赁合同纠纷一案，依法向你公告送达裁定书。

陈某某：本院受理原告与你金融借款合同纠纷一案，因你下落不明，依法向你公告送达起诉状副本、应诉通知书、举证通知书及开庭传票。

江苏省苏州工业园区人民法院

褚某某：本院受理原告与你信用卡纠纷一案，现依法向你公告送达起诉状副本及开庭传票。

江苏省昆山市人民法院

卫某某：本院受理原告与你追偿权纠纷一案，依法向你公告送达判决书。自公告之日起经过60日即视为送达。

江苏省张家港市人民法院

蒋某某：本院受理原告与你离婚纠纷一案，依法向你公告送达起诉状副本、应诉通知书及开庭传票。

江苏省常熟市人民法院

沈某某：本院受理原告与你租赁合同纠纷一案，依法向你公告送达裁定书。

陈某某：本院受理原告与你金融借款合同纠纷一案，因你下落不明，依法向你公告送达起诉状副本、应诉通知书、举证通知书及开庭传票。

江苏省苏州工业园区人民法院

褚某某：本院受理原告与你信用卡纠纷一案，现依法向你公告送达起诉状副本及开庭传票。

江苏省昆山市人民法院

卫某某：本院受理原告与你追偿权纠纷一案，依法向你公告送达判决书。自公告之日起经过60日即视为送达。

江苏省张家港市人民法院

蒋某某：本院受理原告与你离婚纠纷一案，依法向你公告送达起诉状副本、应诉通知书及开庭传票。

江苏省常熟市人民法院

沈某某：本院受理原告与你租赁合同纠纷一案，依法向你公告送达裁定书。

陈某某：本院受理原告与你金融借款合同纠纷一案，因你下落不明，依法向你公告送达起诉状副本、应诉通知书、举证通知书及开庭传票。

江苏省苏州工业园区人民法院

褚某某：本院受理原告与你信用卡纠纷一案，现依法向你公告送达起诉状副本及开庭传票。

江苏省昆山市人民法院

卫某某：本院受理原告与你追偿权纠纷一案，依法向你公告送达判决书。自公告之日起经过60日即视为送达。

江苏省张家港市人民法院

蒋某某：本院受理原告与你离婚纠纷一案，依法向你公告送达起诉状副本、应诉通知书及开庭传票。

江苏省常熟市人民法院

沈某某：本院受理原告与你租赁合同纠纷一案，依法向你公告送达裁定书。

陈某某：本院受理原告与你金融借款合同纠纷一案，因你下落不明，依法向你公告送达起诉状副本、应诉通知书、举证通知书及开庭传票。

江苏省苏州工业园区人民法院

褚某某：本院受理原告与你信用卡纠纷一案，现依法向你公告送达起诉状副本及开庭传票。

江苏省昆山市人民法院

卫某某：本院受理原告与你追偿权纠纷一案，依法向你公告送达判决书。自公告之日起经过60日即视为送达。

江苏省张家港市人民法院

蒋某某：本院受理原告与你离婚纠纷一案，依法向你公告送达起诉状副本、应诉通知书及开庭传票。

江苏省常熟市人民法院

沈某某：本院受理原告与你租赁合同纠纷一案，依法向你公告送达裁定书。

陈某某：本院受理原告与你金融借款合同纠纷一案，因你下落不明，依法向你公告送达起诉状副本、应诉通知书、举证通知书及开庭传票。

江苏省苏州工业园区人民法院

褚某某：本院受理原告与你信用卡纠纷一案，现依法向你公告送达起诉状副本及开庭传票。

江苏省昆山市人民法院

卫某某：本院受理原告与你追偿权纠纷一案，依法向你公告送达判决书。自公告之日起经过60日即视为送达。

江苏省张家港市人民法院

蒋某某：本院受理原告与你离婚纠纷一案，依法向你公告送达起诉状副本、应诉通知书及开庭传票。

江苏省常熟市人民法院

沈某某：本院受理原告与你租赁合同纠纷一案，依法向你公告送达裁定书。

陈某某：本院受理原告与你金融借款合同纠纷一案，因你下落不明，依法向你公告送达起诉状副本、应诉通知书、举证通知书及开庭传票。

江苏省苏州工业园区人民法院

褚某某：本院受理原告与你信用卡纠纷一案，现依法向你公告送达起诉状副本及开庭传票。

江苏省昆山市人民法院

卫某某：本院受理原告与你追偿权纠纷一案，依法向你公告送达判决书。自公告之日起经过60日即视为送达。

江苏省张家港市人民法院

蒋某某：本院受理原告与你离婚纠纷一案，依法向你公告送达起诉状副本、应诉通知书及开庭传票。

江苏省常熟市人民法院

沈某某：本院受理原告与你租赁合同纠纷一案，依法向你公告送达裁定书。

陈某某：本院受理原告与你金融借款合同纠纷一案，因你下落不明，依法向你公告送达起诉状副本、应诉通知书、举证通知书及开庭传票。

江苏省苏州工业园区人民法院

褚某某：本院受理原告与你信用卡纠纷一案，现依法向你公告送达起诉状副本及开庭传票。

江苏省昆山市人民法院

卫某某：本院受理原告与你追偿权纠纷一案，依法向你公告送达判决书。自公告之日起经过60日即视为送达。

江苏省张家港市人民法院

蒋某某：本院受理原告与你离婚纠纷一案，依法向你公告送达起诉状副本、应诉通知书及开庭传票。

江苏省常熟市人民法院

沈某某：本院受理原告与你租赁合同纠纷一案，依法向你公告送达裁定书。

陈某某：本院受理原告与你金融借款合同纠纷一案，因你下落不明，依法向你公告送达起诉状副本、应诉通知书、举证通知书及开庭传票。

江苏省苏州工业园区人民法院

褚某某：本院受理原告与你信用卡纠纷一案，现依法向你公告送达起诉状副本及开庭传票。

江苏省昆山市人民法院

卫某某：本院受理原告与你追偿权纠纷一案，依法向你公告送达判决书。自公告之日起经过60日即视为送达。

江苏省张家港市人民法院

蒋某某：本院受理原告与你离婚纠纷一案，依法向你公告送达起诉状副本、应诉通知书及开庭传票。

江苏省常熟市人民法院

沈某某：本院受理原告与你租赁合同纠纷一案，依法向你公告送达裁定书。

陈某某：本院受理原告与你金融借款合同纠纷一案，因你下落不明，依法向你公告送达起诉状副本、应诉通知书、举证通知书及开庭传票。

江苏省苏州工业园区人民法院

褚某某：本院受理原告与你信用卡纠纷一案，现依法向你公告送达起诉状副本及开庭传票。

江苏省昆山市人民法院

卫某某：本院受理原告与你追偿权纠纷一案，依法向你公告送达判决书。自公告之日起经过60日即视为送达。

江苏省张家港市人民法院

蒋某某：本院受理原告与你离婚纠纷一案，依法向你公告送达起诉状副本、应诉通知书及开庭传票。

江苏省常熟市人民法院

沈某某：本院受理原告与你租赁合同纠纷一案，依法向你公告送达裁定书。

陈某某：本院受理原告与你金融借款合同纠纷一案，因你下落不明，依法向你公告送达起诉状副本、应诉通知书、举证通知书及开庭传票。

江苏省苏州工业园区人民法院

褚某某：本院受理原告与你信用卡纠纷一案，现依法向你公告送达起诉状副本及开庭传票。

江苏省昆山市人民法院

卫某某：本院受理原告与你追偿权纠纷一案，依法向你公告送达判决书。自公告之日起经过60日即视为送达。

江苏省张家港市人民法院

蒋某某：本院受理原告与你离婚纠纷一案，依法向你公告送达起诉状副本、应诉通知书及开庭传票。

江苏省常熟市人民法院

沈某某：本院受理原告与你租赁合同纠纷一案，依法向你公告送达裁定书。

陈某某：本院受理原告与你金融借款合同纠纷一案，因你下落不明，依法向你公告送达起诉状副本、应诉通知书、举证通知书及开庭传票。

江苏省苏州工业园区人民法院

褚某某：本院受理原告与你信用卡纠纷一案，现依法向你公告送达起诉状副本及开庭传票。

江苏省昆山市人民法院

卫某某：本院受理原告与你追偿权纠纷一案，依法向你公告送达判决书。自公告之日起经过60日即视为送达。

江苏省张家港市人民法院

蒋某某：本院受理原告与你离婚纠纷一案，依法向你公告送达起诉状副本、应诉通知书及开庭传票。

江苏省常熟市人民法院

沈某某：本院受理原告与你租赁合同纠纷一案，依法向你公告送达裁定书。

陈某某：本院受理原告与你金融借款合同纠纷一案，因你下落不明，依法向你公告送达起诉状副本、应诉通知书、举证通知书及开庭传票。

江苏省苏州工业园区人民法院

褚某某：本院受理原告与你信用卡纠纷一案，现依法向你公告送达起诉状副本及开庭传票。

江苏省昆山市人民法院

卫某某：本院受理原告与你追偿权纠纷一案，依法向你公告送达判决书。自公告之日起经过60日即视为送达。

江苏省张家港市人民法院

蒋某某：本院受理原告与你离婚纠纷一案，依法向你公告送达起诉状副本、应诉通知书及开庭传票。

江苏省常熟市人民法院

沈某某：本院受理原告与你租赁合同纠纷一案，依法向你公告送达裁定书。

陈某某：本院受理原告与你金融借款合同纠纷一案，因你下落不明，依法向你公告送达起诉状副本、应诉通知书、举证通知书及开庭传票。

江苏省苏州工业园区人民法院

褚某某：本院受理原告与你信用卡纠纷一案，现依法向你公告送达起诉状副本及开庭传票。

江苏省昆山市人民法院

卫某某：本院受理原告与你追偿权纠纷一案，依法向你公告送达判决书。自公告之日起经过60日即视为送达。

江苏省张家港市人民法院

蒋某某：本院受理原告与你离婚纠纷一案，依法向你公告送达起诉状副本、应诉通知书及开庭传票。

江苏省常熟市人民法院

沈某某：本院受理原告与你租赁合同纠纷一案，依法向你公告送达裁定书。

陈某某：本院受理原告与你金融借款合同纠纷一案，因你下落不明，依法向你公告送达起诉状副本、应诉通知书、举证通知书及开庭传票。

江苏省苏州工业园区人民法院

褚某某：本院受理原告与你信用卡纠纷一案，现依法向你公告送达起诉状副本及开庭传票。

江苏省昆山市人民法院

卫某某：本院受理原告与你追偿权纠纷一案，依法向你公告送达判决书。自公告之日起经过60日即视为送达。

江苏省张家港市人民法院

蒋某某：本院受理原告与你离婚纠纷一案，依法向你公告送达起诉状副本、应诉通知书及开庭传票。

江苏省常熟市人民法院

沈某某：本院受理原告与你租赁合同纠纷一案，依法向你公告送达裁定书。

陈某某：本院受理原告与你金融借款合同纠纷一案，因你下落不明，依法向你公告送达起诉状副本、应诉通知书、举证通知书及开庭传票。

江苏省苏州工业园区人民法院

褚某某：本院受理原告与你信用卡纠纷一案，现依法向你公告送达起诉状副本及开庭传票。

江苏省昆山市人民法院

卫某某：本院受理原告与你追偿权纠纷一案，依法向你公告送达判决书。自公告之日起经过60日即视为送达。

江苏省张家港市人民法院

蒋某某：本院受理原告与你离婚纠纷一案，依法向你公告送达起诉状副本、应诉通知书及开庭传票。

江苏省常熟市人民法院

沈某某：本院受理原告与你租赁合同纠纷一案，依法向你公告送达裁定书。

陈某某：本院受理原告与你金融借款合同纠纷一案，因你下落不明，依法向你公告送达起诉状副本、应诉通知书、举证通知书及开庭传票。

江苏省苏州工业园区人民法院

褚某某：本院受理原告与你信用卡纠纷一案，现依法向你公告送达起诉状副本及开庭传票。

江苏省昆山市人民法院

卫某某：本院受理原告与你追偿权纠纷一案，依法向你公告送达判决书。自公告之日起经过60日即视为送达。

江苏省张家港市人民法院

蒋某某：本院受理原告与你离婚纠纷一案，依法向你公告送达起诉状副本、应诉通知书及开庭传票。

江苏省常熟市人民法院

沈某某：本院受理原告与你租赁合同纠纷一案，依法向你公告送达裁定书。

陈某某：本院受理原告与你金融借款合同纠纷一案，因你下落不明，依法向你公告送达起诉状副本、应诉通知书、举证通知书及开庭传票。

江苏省苏州工业园区人民法院

褚某某：本院受理原告与你信用卡纠纷一案，现依法向你公告送达起诉状副本及开庭传票。

江苏省昆山市人民法院

卫某某：本院受理原告与你追偿权纠纷一案，依法向你公告送达判决书。自公告之日起经过60日即视为送达。

江苏省张家港市人民法院

蒋某某：本院受理原告与你离婚纠纷一案，依法向你公告送达起诉状副本、应诉通知书及开庭传票。

江苏省常熟市人民法院

沈某某：本院受理原告与你租赁合同纠纷一案，依法向你公告送达裁定书。

陈某某：本院受理原告与你金融借款合同纠纷一案，因你下落不明，依法向你公告送达起诉状副本、应诉通知书、举证通知书及开庭传票。

江苏省苏州工业园区人民法院

褚某某：本院受理原告与你信用卡纠纷一案，现依法向你公告送达起诉状副本及开庭传票。

江苏省昆山市人民法院

卫某某：本院受理原告与你追偿权纠纷一案，依法向你公告送达判决书。自公告之日起经过60日即视为送达。

江苏省张家港市人民法院

蒋某某：本院受理原告与你离婚纠纷一案，依法向你公告送达起诉状副本、应诉通知书及开庭传票。

江苏省常熟市人民法院

沈某某：本院受理原告与你租赁合同纠纷一案，依法向你公告送达裁定书。

陈某某：本院受理原告与你金融借款合同纠纷一案，因你下落不明，依法向你公告送达起诉状副本、应诉通知书、举证通知书及开庭传票。

江苏省苏州工业园区人民法院

褚某某：本院受理原告与你信用卡纠纷一案，现依法向你公告送达起诉状副本及开庭传票。

江苏省昆山市人民法院

卫某某：本院受理原告与你追偿权纠纷一案，依法向你公告送达判决书。自公告之日起经过60日即视为送达。

江苏省张家港市人民法院

蒋某某：本院受理原告与你离婚纠纷一案，依法向你公告送达起诉状副本、应诉通知书及开庭传票。

江苏省常熟市人民法院

沈某某：本院受理原告与你租赁合同纠纷一案，依法向你公告送达裁定书。

陈某某：本院受理原告与你金融借款合同纠纷一案，因你下落不明，依法向你公告送达起诉状副本、应诉通知书、举证通知书及开庭传票。

江苏省苏州工业园区人民法院

褚某某：本院受理原告与你信用卡纠纷一案，现依法向你公告送达起诉状副本及开庭传票。

江苏省昆山市人民法院

卫某某：本院受理原告与你追偿权纠纷一案，依法向你公告送达判决书。自公告之日起经过60日即视为送达。

江苏省张家港市人民法院

蒋某某：本院受理原告与你离婚纠纷一案，依法向你公告送达起诉状副本、应诉通知书及开庭传票。

江苏省常熟市人民法院

沈某某：本院受理原告与你租赁合同纠纷一案，依法向你公告送达裁定书。

陈某某：本院受理原告与你金融借款合同纠纷一案，因你下落不明，依法向你公告送达起诉状副本、应诉通知书、举证通知书及开庭传票。

江苏省苏州工业园区人民法院

褚某某：本院受理原告与你信用卡纠纷一案，现依法向你公告送达起诉状副本及开庭传票。

江苏省昆山市人民法院

卫某某：本院受理原告与你追偿权纠纷一案，依法向你公告送达判决书。自公告之日起经过60日即视为送达。

江苏省张家港市人民法院

蒋某某：本院受理原告与你离婚纠纷一案，依法向你公告送达起诉状副本、应诉通知书及开庭传票。

江苏省常熟市人民法院

沈某某：本院受理原告与你租赁合同纠纷一案，依法向你公告送达裁定书。

陈某某：本院受理原告与你金融借款合同纠纷一案，因你下落不明，依法向你公告送达起诉状副本、应诉通知书、举证通知书及开庭传票。

江苏省苏州工业园区人民法院

褚某某：本院受理原告与你信用卡纠纷一案，现依法向你公告送达起诉状副本及开庭传票。

江苏省昆山市人民法院

卫某某：本院受理原告与你追偿权纠纷一案，依法向你公告送达判决书。自公告之日起经过60日即视为送达。

江苏省张家港市人民法院

蒋某某：本院受理原告与你离婚纠纷一案，依法向你公告送达起诉状副本、应诉通知书及开庭传票。

江苏省常熟市人民法院

沈某某：本院受理原告与你租赁合同纠纷一案，依法向你公告送达裁定书。

陈某某：本院受理原告与你金融借款合同纠纷一案，因你下落不明，依法向你公告送达起诉状副本、应诉通知书、举证通知书及开庭传票。

江苏省苏州工业园区人民法院

褚某某：本院受理原告与你信用卡纠纷一案，现依法向你公告送达起诉状副本及开庭传票。

江苏省昆山市人民法院

卫某某：本院受理原告与你追偿权纠纷一案，依法向你公告送达判决书。自公告之日起经过60日即视为送达。

江苏省张家港市人民法院

蒋某某：本院受理原告与你离婚纠纷一案，依法向你公告送达起诉状副本、应诉通知书及开庭传票。

江苏省常熟市人民法院

沈某某：本院受理原告与你租赁合同纠纷一案，依法向你公告送达裁定书。

陈某某：本院受理原告与你金融借款合同纠纷一案，因你下落不明，依法向你公告送达起诉状副本、应诉通知书、举证通知书及开庭传票。

江苏省苏州工业园区人民法院

褚某某：本院受理原告与你信用卡纠纷一案，现依法向你公告送达起诉状副本及开庭传票。

江苏省昆山市人民法院

卫某某：本院受理原告与你追偿权纠纷一案，依法向你公告送达判决书。自公告之日起经过60日即视为送达。

江苏省张家港市人民法院

蒋某某：本院受理原告与你离婚纠纷一案，依法向你公告送达起诉状副本、应诉通知书及开庭传票。

江苏省常熟市人民法院

沈某某：本院受理原告与你租赁合同纠纷一案，依法向你公告送达裁定书。

陈某某：本院受理原告与你金融借款合同纠纷一案，因你下落不明，依法向你公告送达起诉状副本、应诉通知书、举证通知书及开庭传票。

江苏省苏州工业园区人民法院

褚某某：本院受理原告与你信用卡纠纷一案，现依法向你公告送达起诉状副本及开庭传票。

江苏省昆山市人民法院

卫某某：本院受理原告与你追偿权纠纷一案，依法向你公告送达判决书。自公告之日起经过60日即视为送达。

江苏省张家港市人民法院

蒋某某：本院受理原告与你离婚纠纷一案，依法向你公告送达起诉状副本、应诉通知书及开庭传票。

江苏省常熟市人民法院

沈某某：本院受理原告与你租赁合同纠纷一案，依法向你公告送达裁定书。

陈某某：本院受理原告与你金融借款合同纠纷一案，因你下落不明，依法向你公告送达起诉状副本、应诉通知书、举证通知书及开庭传票。

江苏省苏州工业园区人民法院

褚某某：本院受理原告与你信用卡纠纷一案，现依法向你公告送达起诉状副本及开庭传票。

江苏省昆山市人民法院

卫某某：本院受理原告与你追偿权纠纷一案，依法向你公告送达判决书。自公告之日起经过60日即视为送达。

江苏省张家港市人民法院

蒋某某：本院受理原告与你离婚纠纷一案，依法向你公告送达起诉状副本、应诉通知书及开庭传票。

江苏省常熟市人民法院

沈某某：本院受理原告与你租赁合同纠纷一案，依法向你公告送达裁定书。

陈某某：本院受理原告与你金融借款合同纠纷一案，因你下落不明，依法向你公告送达起诉状副本、应诉通知书、举证通知书及开庭传票。

江苏省苏州工业园区人民法院

褚某某：本院受理原告与你信用卡纠纷一案，现依法向你公告送达起诉状副本及开庭传票。

江苏省昆山市人民法院

卫某某：本院受理原告与你追偿权纠纷一案，依法向你公告送达判决书。自公告之日起经过60日即视为送达。

江苏省张家港市人民法院

蒋某某：本院受理原告与你离婚纠纷一案，依法向你公告送达起诉状副本、应诉通知书及开庭传票。

江苏省常熟市人民法院

沈某某：本院受理原告与你租赁合同纠纷一案，依法向你公告送达裁定书。

陈某某：本院受理原告与你金融借款合同纠纷一案，因你下落不明，依法向你公告送达起诉状副本、应诉通知书、举证通知书及开庭传票。

江苏省苏州工业园区人民法院

褚某某：本院受理原告与你信用卡纠纷一案，现依法向你公告送达起诉状副本及开庭传票。

江苏省昆山市人民法院

卫某某：本院受理原告与你追偿权纠纷一案，依法向你公告送达判决书。自公告之日起经过60日即视为送达。

江苏省张家港市人民法院

蒋某某：本院受理原告与你离婚纠纷一案，依法向你公告送达起诉状副本、应诉通知书及开庭传票。

江苏省常熟市人民法院

沈某某：本院受理原告与你租赁合同纠纷一案，依法向你公告送达裁定书。

陈某某：本院受理原告与你金融借款合同纠纷一案，因你下落不明，依法向你公告送达起诉状副本、应诉通知书、举证通知书及开庭传票。

江苏省苏州工业园区人民法院

褚某某：本院受理原告与你信用卡纠纷一案，现依法向你公告送达起诉状副本及开庭传票。

江苏省昆山市人民法院

卫某某：本院受理原告与你追偿权纠纷一案，依法向你公告送达判决书。自公告之日起经过60日即视为送达。

江苏省张家港市人民法院

蒋某某：本院受理原告与你离婚纠纷一案，依法向你公告送达起诉状副本、应诉通知书及开庭传票。

江苏省常熟市人民法院

沈某某：本院受理原告与你租赁合同纠纷一案，依法向你公告送达裁定书。

陈某某：本院受理原告与你金融借款合同纠纷一案，因你下落不明，依法向你公告送达起诉状副本、应诉通知书、举证通知书及开庭传票。

江苏省苏州工业园区人民法院

褚某某：本院受理原告与你信用卡纠纷一案，现依法向你公告送达起诉状副本及开庭传票。

江苏省昆山市人民法院

卫某某：本院受理原告与你追偿权纠纷一案，依法向你公告送达判决书。自公告之日起经过60日即视为送达。

江苏省张家港市人民法院

蒋某某：本院受理原告与你离婚纠纷一案，依法向你公告送达起诉状副本、应诉通知书及开庭传票。

江苏省常熟市人民法院

沈某某：本院受理原告与你租赁合同纠纷一案，依法向你公告送达裁定书。

陈某某：本院受理原告与你金融借款合同纠纷一案，因你下落不明，依法向你公告送达起诉状副本、应诉通知书、举证通知书及开庭传票。

江苏省苏州工业园区人民法院

褚某某：本院受理原告与你信用卡纠纷一案，现依法向你公告送达起诉状副本及开庭传票。

江苏省昆山市人民法院

卫某某：本院受理原告与你追偿权纠纷一案，依法向你公告送达判决书。自公告之日起经过60日即视为送达。

江苏省张家港市人民法院

蒋某某：本院受理原告与你离婚纠纷一案，依法向你公告送达起诉状副本、应诉通知书及开庭传票。

江苏省常熟市人民法院

沈某某：本院受理原告与你租赁合同纠纷一案，依法向你公告送达裁定书。

陈某某：本院受理原告与你金融借款合同纠纷一案，因你下落不明，依法向你公告送达起诉状副本、应诉通知书、举证通知书及开庭传票。

江苏省苏州工业园区人民法院

褚某某：本院受理原告与你信用卡纠纷一案，现依法向你公告送达起诉状副本及开庭传票。

江苏省昆山市人民法院

卫某某：本院受理原告与你追偿权纠纷一案，依法向你公告送达判决书。自公告之日起经过60日即视为送达。

江苏省张家港市人民法院

蒋某某：本院受理原告与你离婚纠纷一案，依法向你公告送达起诉状副本、应诉通知书及开庭传票。

江苏省常熟市人民法院

沈某某：本院受理原告与你租赁合同纠纷一案，依法向你公告送达裁定书。

陈某某：本院受理原告与你金融借款合同纠纷一案，因你下落不明，依法向你公告送达起诉状副本、应诉通知书、举证通知书及开庭传票。

江苏省苏州工业园区人民法院

褚某某：本院受理原告与你信用卡纠纷一案，现依法向你公告送达起诉状副本及开庭传票。

江苏省昆山市人民法院

卫某某：本院受理原告与你追偿权纠纷一案，依法向你公告送达判决书。自公告之日起经过60日即视为送达。

江苏省张家港市人民法院

蒋某某：本院受理原告与你离婚纠纷一案，依法向你公告送达起诉状副本、应诉通知书及开庭传票。

江苏省常熟市人民法院

沈某某：本院受理原告与你租赁合同纠纷一案，依法向你公告送达裁定书。

陈某某：本院受理原告与你金融借款合同纠纷一案，因你下落不明，依法向你公告送达起诉状副本、应诉通知书、举证通知书及开庭传票。

江苏省苏州工业园区人民法院

褚某某：本院受理原告与你信用卡纠纷一案，现依法向你公告送达起诉状副本及开庭传票。

江苏省昆山市人民法院

卫某某：本院受理原告与你追偿权纠纷一案，依法向你公告送达判决书。自公告之日起经过60日即视为送达。

江苏省张家港市人民法院

蒋某某：本院受理原告与你离婚纠纷一案，依法向你公告送达起诉状副本、应诉通知书及开庭传票。

江苏省常熟市人民法院

沈某某：本院受理原告与你租赁合同纠纷一案，依法向你公告送达裁定书。

陈某某：本院受理原告与你金融借款合同纠纷一案，因你下落不明，依法向你公告送达起诉状副本、应诉通知书、举证通知书及开庭传票。

江苏省苏州工业园区人民法院

褚某某：本院受理原告与你信用卡纠纷一案，现依法向你公告送达起诉状副本及开庭传票。

9/12 中缝
公告专栏

韩某某：本院受理原告与你民间借贷纠纷一案，因你下落不明，依法向你公告送达起诉状副本、应诉通知书、举证通知书及开庭传票。

江苏省宿迁市宿城区人民法院

杨某某：本院受理原告与你买卖合同纠纷一案，现依法向你公告送达判决书。

浙江省宁波市鄞州区人民法院

朱某某：本院受理原告与你合同纠纷一案，依法向你公告送达起诉状副本及开庭传票。

仲裁公告

本会受理申请人与被申请人之间的借款合同争议仲裁案，现依法向你公告送达仲裁申请书副本及开庭通知。

遗失公告

某某公司遗失营业执照正本、副本，声明作废。

韩某某：本院受理原告与你民间借贷纠纷一案，因你下落不明，依法向你公告送达起诉状副本、应诉通知书、举证通知书及开庭传票。

江苏省宿迁市宿城区人民法院

杨某某：本院受理原告与你买卖合同纠纷一案，现依法向你公告送达判决书。

浙江省宁波市鄞州区人民法院

朱某某：本院受理原告与你合同纠纷一案，依法向你公告送达起诉状副本及开庭传票。

仲裁公告

本会受理申请人与被申请人之间的借款合同争议仲裁案，现依法向你公告送达仲裁申请书副本及开庭通知。

遗失公告

某某公司遗失营业执照正本、副本，声明作废。

韩某某：本院受理原告与你民间借贷纠纷一案，因你下落不明，依法向你公告送达起诉状副本、应诉通知书、举证通知书及开庭传票。

江苏省宿迁市宿城区人民法院

杨某某：本院受理原告与你买卖合同纠纷一案，现依法向你公告送达判决书。

浙江省宁波市鄞州区人民法院

朱某某：本院受理原告与你合同纠纷一案，依法向你公告送达起诉状副本及开庭传票。

仲裁公告

本会受理申请人与被申请人之间的借款合同争议仲裁案，现依法向你公告送达仲裁申请书副本及开庭通知。

遗失公告

某某公司遗失营业执照正本、副本，声明作废。

韩某某：本院受理原告与你民间借贷纠纷一案，因你下落不明，依法向你公告送达起诉状副本、应诉通知书、举证通知书及开庭传票。

江苏省宿迁市宿城区人民法院

杨某某：本院受理原告与你买卖合同纠纷一案，现依法向你公告送达判决书。

浙江省宁波市鄞州区人民法院

朱某某：本院受理原告与你合同纠纷一案，依法向你公告送达起诉状副本及开庭传票。

仲裁公告

本会受理申请人与被申请人之间的借款合同争议仲裁案，现依法向你公告送达仲裁申请书副本及开庭通知。

遗失公告

某某公司遗失营业执照正本、副本，声明作废。

韩某某：本院受理原告与你民间借贷纠纷一案，因你下落不明，依法向你公告送达起诉状副本、应诉通知书、举证通知书及开庭传票。

江苏省宿迁市宿城区人民法院

杨某某：本院受理原告与你买卖合同纠纷一案，现依法向你公告送达判决书。

浙江省宁波市鄞州区人民法院

朱某某：本院受理原告与你合同纠纷一案，依法向你公告送达起诉状副本及开庭传票。

仲裁公告

本会受理申请人与被申请人之间的借款合同争议仲裁案，现依法向你公告送达仲裁申请书副本及开庭通知。

遗失公告

某某公司遗失营业执照正本、副本，声明作废。

韩某某：本院受理原告与你民间借贷纠纷一案，因你下落不明，依法向你公告送达起诉状副本、应诉通知书、举证通知书及开庭传票。

江苏省宿迁市宿城区人民法院

杨某某：本院受理原告与你买卖合同纠纷一案，现依法向你公告送达判决书。

浙江省宁波市鄞州区人民法院

朱某某：本院受理原告与你合同纠纷一案，依法向你公告送达起诉状副本及开庭传票。

仲裁公告

本会受理申请人与被申请人之间的借款合同争议仲裁案，现依法向你公告送达仲裁申请书副本及开庭通知。

遗失公告

某某公司遗失营业执照正本、副本，声明作废。

韩某某：本院受理原告与你民间借贷纠纷一案，因你下落不明，依法向你公告送达起诉状副本、应诉通知书、举证通知书及开庭传票。

江苏省宿迁市宿城区人民法院

杨某某：本院受理原告与你买卖合同纠纷一案，现依法向你公告送达判决书。

浙江省宁波市鄞州区人民法院

朱某某：本院受理原告与你合同纠纷一案，依法向你公告送达起诉状副本及开庭传票。

仲裁公告

本会受理申请人与被申请人之间的借款合同争议仲裁案，现依法向你公告送达仲裁申请书副本及开庭通知。

遗失公告

某某公司遗失营业执照正本、副本，声明作废。

韩某某：本院受理原告与你民间借贷纠纷一案，因你下落不明，依法向你公告送达起诉状副本、应诉通知书、举证通知书及开庭传票。

江苏省宿迁市宿城区人民法院

杨某某：本院受理原告与你买卖合同纠纷一案，现依法向你公告送达判决书。

浙江省宁波市鄞州区人民法院

朱某某：本院受理原告与你合同纠纷一案，依法向你公告送达起诉状副本及开庭传票。

仲裁公告

本会受理申请人与被申请人之间的借款合同争议仲裁案，现依法向你公告送达仲裁申请书副本及开庭通知。

遗失公告

某某公司遗失营业执照正本、副本，声明作废。

韩某某：本院受理原告与你民间借贷纠纷一案，因你下落不明，依法向你公告送达起诉状副本、应诉通知书、举证通知书及开庭传票。

江苏省宿迁市宿城区人民法院

杨某某：本院受理原告与你买卖合同纠纷一案，现依法向你公告送达判决书。

浙江省宁波市鄞州区人民法院

朱某某：本院受理原告与你合同纠纷一案，依法向你公告送达起诉状副本及开庭传票。

仲裁公告

本会受理申请人与被申请人之间的借款合同争议仲裁案，现依法向你公告送达仲裁申请书副本及开庭通知。

遗失公告

某某公司遗失营业执照正本、副本，声明作废。

韩某某：本院受理原告与你民间借贷纠纷一案，因你下落不明，依法向你公告送达起诉状副本、应诉通知书、举证通知书及开庭传票。

江苏省宿迁市宿城区人民法院

杨某某：本院受理原告与你买卖合同纠纷一案，现依法向你公告送达判决书。

浙江省宁波市鄞州区人民法院

朱某某：本院受理原告与你合同纠纷一案，依法向你公告送达起诉状副本及开庭传票。

仲裁公告

本会受理申请人与被申请人之间的借款合同争议仲裁案，现依法向你公告送达仲裁申请书副本及开庭通知。

遗失公告

某某公司遗失营业执照正本、副本，声明作废。

韩某某：本院受理原告与你民间借贷纠纷一案，因你下落不明，依法向你公告送达起诉状副本、应诉通知书、举证通知书及开庭传票。

江苏省宿迁市宿城区人民法院

杨某某：本院受理原告与你买卖合同纠纷一案，现依法向你公告送达判决书。

浙江省宁波市鄞州区人民法院

朱某某：本院受理原告与你合同纠纷一案，依法向你公告送达起诉状副本及开庭传票。

仲裁公告

本会受理申请人与被申请人之间的借款合同争议仲裁案，现依法向你公告送达仲裁申请书副本及开庭通知。

遗失公告

某某公司遗失营业执照正本、副本，声明作废。

韩某某：本院受理原告与你民间借贷纠纷一案，因你下落不明，依法向你公告送达起诉状副本、应诉通知书、举证通知书及开庭传票。

江苏省宿迁市宿城区人民法院

杨某某：本院受理原告与你买卖合同纠纷一案，现依法向你公告送达判决书。

浙江省宁波市鄞州区人民法院

朱某某：本院受理原告与你合同纠纷一案，依法向你公告送达起诉状副本及开庭传票。

仲裁公告

本会受理申请人与被申请人之间的借款合同争议仲裁案，现依法向你公告送达仲裁申请书副本及开庭通知。

遗失公告

某某公司遗失营业执照正本、副本，声明作废。

韩某某：本院受理原告与你民间借贷纠纷一案，因你下落不明，依法向你公告送达起诉状副本、应诉通知书、举证通知书及开庭传票。

江苏省宿迁市宿城区人民法院

杨某某：本院受理原告与你买卖合同纠纷一案，现依法向你公告送达判决书。

浙江省宁波市鄞州区人民法院

朱某某：本院受理原告与你合同纠纷一案，依法向你公告送达起诉状副本及开庭传票。

仲裁公告

本会受理申请人与被申请人之间的借款合同争议仲裁案，现依法向你公告送达仲裁申请书副本及开庭通知。

遗失公告

某某公司遗失营业执照正本、副本，声明作废。

韩某某：本院受理原告与你民间借贷纠纷一案，因你下落不明，依法向你公告送达起诉状副本、应诉通知书、举证通知书及开庭传票。

江苏省宿迁市宿城区人民法院

杨某某：本院受理原告与你买卖合同纠纷一案，现依法向你公告送达判决书。

浙江省宁波市鄞州区人民法院

朱某某：本院受理原告与你合同纠纷一案，依法向你公告送达起诉状副本及开庭传票。

仲裁公告

本会受理申请人与被申请人之间的借款合同争议仲裁案，现依法向你公告送达仲裁申请书副本及开庭通知。

遗失公告

某某公司遗失营业执照正本、副本，声明作废。

韩某某：本院受理原告与你民间借贷纠纷一案，因你下落不明，依法向你公告送达起诉状副本、应诉通知书、举证通知书及开庭传票。

江苏省宿迁市宿城区人民法院

杨某某：本院受理原告与你买卖合同纠纷一案，现依法向你公告送达判决书。

浙江省宁波市鄞州区人民法院

朱某某：本院受理原告与你合同纠纷一案，依法向你公告送达起诉状副本及开庭传票。

仲裁公告

本会受理申请人与被申请人之间的借款合同争议仲裁案，现依法向你公告送达仲裁申请书副本及开庭通知。

遗失公告

某某公司遗失营业执照正本、副本，声明作废。

韩某某：本院受理原告与你民间借贷纠纷一案，因你下落不明，依法向你公告送达起诉状副本、应诉通知书、举证通知书及开庭传票。

江苏省宿迁市宿城区人民法院

杨某某：本院受理原告与你买卖合同纠纷一案，现依法向你公告送达判决书。

浙江省宁波市鄞州区人民法院

朱某某：本院受理原告与你合同纠纷一案，依法向你公告送达起诉状副本及开庭传票。

仲裁公告

本会受理申请人与被申请人之间的借款合同争议仲裁案，现依法向你公告送达仲裁申请书副本及开庭通知。

遗失公告

某某公司遗失营业执照正本、副本，声明作废。

韩某某：本院受理原告与你民间借贷纠纷一案，因你下落不明，依法向你公告送达起诉状副本、应诉通知书、举证通知书及开庭传票。

江苏省宿迁市宿城区人民法院

杨某某：本院受理原告与你买卖合同纠纷一案，现依法向你公告送达判决书。

浙江省宁波市鄞州区人民法院

朱某某：本院受理原告与你合同纠纷一案，依法向你公告送达起诉状副本及开庭传票。

仲裁公告

本会受理申请人与被申请人之间的借款合同争议仲裁案，现依法向你公告送达仲裁申请书副本及开庭通知。

遗失公告

某某公司遗失营业执照正本、副本，声明作废。

韩某某：本院受理原告与你民间借贷纠纷一案，因你下落不明，依法向你公告送达起诉状副本、应诉通知书、举证通知书及开庭传票。

江苏省宿迁市宿城区人民法院

杨某某：本院受理原告与你买卖合同纠纷一案，现依法向你公告送达判决书。

浙江省宁波市鄞州区人民法院

朱某某：本院受理原告与你合同纠纷一案，依法向你公告送达起诉状副本及开庭传票。

仲裁公告

本会受理申请人与被申请人之间的借款合同争议仲裁案，现依法向你公告送达仲裁申请书副本及开庭通知。

遗失公告

某某公司遗失营业执照正本、副本，声明作废。

韩某某：本院受理原告与你民间借贷纠纷一案，因你下落不明，依法向你公告送达起诉状副本、应诉通知书、举证通知书及开庭传票。

江苏省宿迁市宿城区人民法院

杨某某：本院受理原告与你买卖合同纠纷一案，现依法向你公告送达判决书。

浙江省宁波市鄞州区人民法院

朱某某：本院受理原告与你合同纠纷一案，依法向你公告送达起诉状副本及开庭传票。

仲裁公告

本会受理申请人与被申请人之间的借款合同争议仲裁案，现依法向你公告送达仲裁申请书副本及开庭通知。

遗失公告

某某公司遗失营业执照正本、副本，声明作废。

韩某某：本院受理原告与你民间借贷纠纷一案，因你下落不明，依法向你公告送达起诉状副本、应诉通知书、举证通知书及开庭传票。

江苏省宿迁市宿城区人民法院

杨某某：本院受理原告与你买卖合同纠纷一案，现依法向你公告送达判决书。

浙江省宁波市鄞州区人民法院

朱某某：本院受理原告与你合同纠纷一案，依法向你公告送达起诉状副本及开庭传票。

仲裁公告

本会受理申请人与被申请人之间的借款合同争议仲裁案，现依法向你公告送达仲裁申请书副本及开庭通知。

遗失公告

某某公司遗失营业执照正本、副本，声明作废。

韩某某：本院受理原告与你民间借贷纠纷一案，因你下落不明，依法向你公告送达起诉状副本、应诉通知书、举证通知书及开庭传票。

江苏省宿迁市宿城区人民法院

杨某某：本院受理原告与你买卖合同纠纷一案，现依法向你公告送达判决书。

浙江省宁波市鄞州区人民法院

朱某某：本院受理原告与你合同纠纷一案，依法向你公告送达起诉状副本及开庭传票。

仲裁公告

本会受理申请人与被申请人之间的借款合同争议仲裁案，现依法向你公告送达仲裁申请书副本及开庭通知。

遗失公告

某某公司遗失营业执照正本、副本，声明作废。

韩某某：本院受理原告与你民间借贷纠纷一案，因你下落不明，依法向你公告送达起诉状副本、应诉通知书、举证通知书及开庭传票。

江苏省宿迁市宿城区人民法院

杨某某：本院受理原告与你买卖合同纠纷一案，现依法向你公告送达判决书。

浙江省宁波市鄞州区人民法院

朱某某：本院受理原告与你合同纠纷一案，依法向你公告送达起诉状副本及开庭传票。

仲裁公告

本会受理申请人与被申请人之间的借款合同争议仲裁案，现依法向你公告送达仲裁申请书副本及开庭通知。

遗失公告

某某公司遗失营业执照正本、副本，声明作废。

韩某某：本院受理原告与你民间借贷纠纷一案，因你下落不明，依法向你公告送达起诉状副本、应诉通知书、举证通知书及开庭传票。

江苏省宿迁市宿城区人民法院

杨某某：本院受理原告与你买卖合同纠纷一案，现依法向你公告送达判决书。

浙江省宁波市鄞州区人民法院

朱某某：本院受理原告与你合同纠纷一案，依法向你公告送达起诉状副本及开庭传票。

仲裁公告

本会受理申请人与被申请人之间的借款合同争议仲裁案，现依法向你公告送达仲裁申请书副本及开庭通知。

遗失公告

某某公司遗失营业执照正本、副本，声明作废。

韩某某：本院受理原告与你民间借贷纠纷一案，因你下落不明，依法向你公告送达起诉状副本、应诉通知书、举证通知书及开庭传票。

江苏省宿迁市宿城区人民法院

杨某某：本院受理原告与你买卖合同纠纷一案，现依法向你公告送达判决书。

浙江省宁波市鄞州区人民法院

朱某某：本院受理原告与你合同纠纷一案，依法向你公告送达起诉状副本及开庭传票。

仲裁公告

本会受理申请人与被申请人之间的借款合同争议仲裁案，现依法向你公告送达仲裁申请书副本及开庭通知。

遗失公告

某某公司遗失营业执照正本、副本，声明作废。

韩某某：本院受理原告与你民间借贷纠纷一案，因你下落不明，依法向你公告送达起诉状副本、应诉通知书、举证通知书及开庭传票。

江苏省宿迁市宿城区人民法院

杨某某：本院受理原告与你买卖合同纠纷一案，现依法向你公告送达判决书。

浙江省宁波市鄞州区人民法院

朱某某：本院受理原告与你合同纠纷一案，依法向你公告送达起诉状副本及开庭传票。

仲裁公告

本会受理申请人与被申请人之间的借款合同争议仲裁案，现依法向你公告送达仲裁申请书副本及开庭通知。

遗失公告

某某公司遗失营业执照正本、副本，声明作废。

韩某某：本院受理原告与你民间借贷纠纷一案，因你下落不明，依法向你公告送达起诉状副本、应诉通知书、举证通知书及开庭传票。

江苏省宿迁市宿城区人民法院

杨某某：本院受理原告与你买卖合同纠纷一案，现依法向你公告送达判决书。

浙江省宁波市鄞州区人民法院

朱某某：本院受理原告与你合同纠纷一案，依法向你公告送达起诉状副本及开庭传票。

仲裁公告

本会受理申请人与被申请人之间的借款合同争议仲裁案，现依法向你公告送达仲裁申请书副本及开庭通知。

遗失公告

某某公司遗失营业执照正本、副本，声明作废。

韩某某：本院受理原告与你民间借贷纠纷一案，因你下落不明，依法向你公告送达起诉状副本、应诉通知书、举证通知书及开庭传票。

江苏省宿迁市宿城区人民法院

杨某某：本院受理原告与你买卖合同纠纷一案，现依法向你公告送达判决书。

浙江省宁波市鄞州区人民法院

朱某某：本院受理原告与你合同纠纷一案，依法向你公告送达起诉状副本及开庭传票。

仲裁公告

本会受理申请人与被申请人之间的借款合同争议仲裁案，现依法向你公告送达仲裁申请书副本及开庭通知。

遗失公告

某某公司遗失营业执照正本、副本，声明作废。

韩某某：本院受理原告与你民间借贷纠纷一案，因你下落不明，依法向你公告送达起诉状副本、应诉通知书、举证通知书及开庭传票。

江苏省宿迁市宿城区人民法院

杨某某：本院受理原告与你买卖合同纠纷一案，现依法向你公告送达判决书。

浙江省宁波市鄞州区人民法院

朱某某：本院受理原告与你合同纠纷一案，依法向你公告送达起诉状副本及开庭传票。

仲裁公告

本会受理申请人与被申请人之间的借款合同争议仲裁案，现依法向你公告送达仲裁申请书副本及开庭通知。

遗失公告

某某公司遗失营业执照正本、副本，声明作废。

韩某某：本院受理原告与你民间借贷纠纷一案，因你下落不明，依法向你公告送达起诉状副本、应诉通知书、举证通知书及开庭传票。

江苏省宿迁市宿城区人民法院

杨某某：本院受理原告与你买卖合同纠纷一案，现依法向你公告送达判决书。

浙江省宁波市鄞州区人民法院

朱某某：本院受理原告与你合同纠纷一案，依法向你公告送达起诉状副本及开庭传票。

仲裁公告

本会受理申请人与被申请人之间的借款合同争议仲裁案，现依法向你公告送达仲裁申请书副本及开庭通知。

遗失公告

某某公司遗失营业执照正本、副本，声明作废。

韩某某：本院受理原告与你民间借贷纠纷一案，因你下落不明，依法向你公告送达起诉状副本、应诉通知书、举证通知书及开庭传票。

江苏省宿迁市宿城区人民法院

杨某某：本院受理原告与你买卖合同纠纷一案，现依法向你公告送达判决书。

浙江省宁波市鄞州区人民法院

朱某某：本院受理原告与你合同纠纷一案，依法向你公告送达起诉状副本及开庭传票。

仲裁公告

本会受理申请人与被申请人之间的借款合同争议仲裁案，现依法向你公告送达仲裁申请书副本及开庭通知。

遗失公告

某某公司遗失营业执照正本、副本，声明作废。

韩某某：本院受理原告与你民间借贷纠纷一案，因你下落不明，依法向你公告送达起诉状副本、应诉通知书、举证通知书及开庭传票。

江苏省宿迁市宿城区人民法院

杨某某：本院受理原告与你买卖合同纠纷一案，现依法向你公告送达判决书。

浙江省宁波市鄞州区人民法院

朱某某：本院受理原告与你合同纠纷一案，依法向你公告送达起诉状副本及开庭传票。

仲裁公告

本会受理申请人与被申请人之间的借款合同争议仲裁案，现依法向你公告送达仲裁申请书副本及开庭通知。

遗失公告

某某公司遗失营业执照正本、副本，声明作废。

韩某某：本院受理原告与你民间借贷纠纷一案，因你下落不明，依法向你公告送达起诉状副本、应诉通知书、举证通知书及开庭传票。

江苏省宿迁市宿城区人民法院

杨某某：本院受理原告与你买卖合同纠纷一案，现依法向你公告送达判决书。

浙江省宁波市鄞州区人民法院

朱某某：本院受理原告与你合同纠纷一案，依法向你公告送达起诉状副本及开庭传票。

仲裁公告

本会受理申请人与被申请人之间的借款合同争议仲裁案，现依法向你公告送达仲裁申请书副本及开庭通知。

遗失公告

某某公司遗失营业执照正本、副本，声明作废。

韩某某：本院受理原告与你民间借贷纠纷一案，因你下落不明，依法向你公告送达起诉状副本、应诉通知书、举证通知书及开庭传票。

江苏省宿迁市宿城区人民法院

杨某某：本院受理原告与你买卖合同纠纷一案，现依法向你公告送达判决书。

浙江省宁波市鄞州区人民法院

朱某某：本院受理原告与你合同纠纷一案，依法向你公告送达起诉状副本及开庭传票。

仲裁公告

本会受理申请人与被申请人之间的借款合同争议仲裁案，现依法向你公告送达仲裁申请书副本及开庭通知。

遗失公告

某某公司遗失营业执照正本、副本，声明作废。

韩某某：本院受理原告与你民间借贷纠纷一案，因你下落不明，依法向你公告送达起诉状副本、应诉通知书、举证通知书及开庭传票。

江苏省宿迁市宿城区人民法院

杨某某：本院受理原告与你买卖合同纠纷一案，现依法向你公告送达判决书。

浙江省宁波市鄞州区人民法院

朱某某：本院受理原告与你合同纠纷一案，依法向你公告送达起诉状副本及开庭传票。

仲裁公告

本会受理申请人与被申请人之间的借款合同争议仲裁案，现依法向你公告送达仲裁申请书副本及开庭通知。

遗失公告

某某公司遗失营业执照正本、副本，声明作废。

韩某某：本院受理原告与你民间借贷纠纷一案，因你下落不明，依法向你公告送达起诉状副本、应诉通知书、举证通知书及开庭传票。

江苏省宿迁市宿城区人民法院

杨某某：本院受理原告与你买卖合同纠纷一案，现依法向你公告送达判决书。

浙江省宁波市鄞州区人民法院

朱某某：本院受理原告与你合同纠纷一案，依法向你公告送达起诉状副本及开庭传票。

仲裁公告

本会受理申请人与被申请人之间的借款合同争议仲裁案，现依法向你公告送达仲裁申请书副本及开庭通知。

遗失公告

某某公司遗失营业执照正本、副本，声明作废。

韩某某：本院受理原告与你民间借贷纠纷一案，因你下落不明，依法向你公告送达起诉状副本、应诉通知书、举证通知书及开庭传票。

江苏省宿迁市宿城区人民法院

杨某某：本院受理原告与你买卖合同纠纷一案，现依法向你公告送达判决书。

浙江省宁波市鄞州区人民法院

朱某某：本院受理原告与你合同纠纷一案，依法向你公告送达起诉状副本及开庭传票。

仲裁公告

本会受理申请人与被申请人之间的借款合同争议仲裁案，现依法向你公告送达仲裁申请书副本及开庭通知。

遗失公告

某某公司遗失营业执照正本、副本，声明作废。

韩某某：本院受理原告与你民间借贷纠纷一案，因你下落不明，依法向你公告送达起诉状副本、应诉通知书、举证通知书及开庭传票。

江苏省宿迁市宿城区人民法院

杨某某：本院受理原告与你买卖合同纠纷一案，现依法向你公告送达判决书。

浙江省宁波市鄞州区人民法院

朱某某：本院受理原告与你合同纠纷一案，依法向你公告送达起诉状副本及开庭传票。

仲裁公告

本会受理申请人与被申请人之间的借款合同争议仲裁案，现依法向你公告送达仲裁申请书副本及开庭通知。

遗失公告

某某公司遗失营业执照正本、副本，声明作废。

韩某某：本院受理原告与你民间借贷纠纷一案，因你下落不明，依法向你公告送达起诉状副本、应诉通知书、举证通知书及开庭传票。

江苏省宿迁市宿城区人民法院

杨某某：本院受理原告与你买卖合同纠纷一案，现依法向你公告送达判决书。

浙江省宁波市鄞州区人民法院

朱某某：本院受理原告与你合同纠纷一案，依法向你公告送达起诉状副本及开庭传票。

仲裁公告

本会受理申请人与被申请人之间的借款合同争议仲裁案，现依法向你公告送达仲裁申请书副本及开庭通知。

遗失公告

某某公司遗失营业执照正本、副本，声明作废。

韩某某：本院受理原告与你民间借贷纠纷一案，因你下落不明，依法向你公告送达起诉状副本、应诉通知书、举证通知书及开庭传票。

江苏省宿迁市宿城区人民法院

杨某某：本院受理原告与你买卖合同纠纷一案，现依法向你公告送达判决书。

浙江省宁波市鄞州区人民法院

朱某某：本院受理原告与你合同纠纷一案，依法向你公告送达起诉状副本及开庭传票。

仲裁公告

本会受理申请人与被申请人之间的借款合同争议仲裁案，现依法向你公告送达仲裁申请书副本及开庭通知。

遗失公告

某某公司遗失营业执照正本、副本，声明作废。

韩某某：本院受理原告与你民间借贷纠纷一案，因你下落不明，依法向你公告送达起诉状副本、应诉通知书、举证通知书及开庭传票。

江苏省宿迁市宿城区人民法院

杨某某：本院受理原告与你买卖合同纠纷一案，现依法向你公告送达判决书。

浙江省宁波市鄞州区人民法院

朱某某：本院受理原告与你合同纠纷一案，依法向你公告送达起诉状副本及开庭传票。

仲裁公告

本会受理申请人与被申请人之间的借款合同争议仲裁案，现依法向你公告送达仲裁申请书副本及开庭通知。

遗失公告

某某公司遗失营业执照正本、副本，声明作废。

韩某某：本院受理原告与你民间借贷纠纷一案，因你下落不明，依法向你公告送达起诉状副本、应诉通知书、举证通知书及开庭传票。

江苏省宿迁市宿城区人民法院

杨某某：本院受理原告与你买卖合同纠纷一案，现依法向你公告送达判决书。

浙江省宁波市鄞州区人民法院

朱某某：本院受理原告与你合同纠纷一案，依法向你公告送达起诉状副本及开庭传票。

仲裁公告

本会受理申请人与被申请人之间的借款合同争议仲裁案，现依法向你公告送达仲裁申请书副本及开庭通知。

遗失公告

某某公司遗失营业执照正本、副本，声明作废。

韩某某：本院受理原告与你民间借贷纠纷一案，因你下落不明，依法向你公告送达起诉状副本、应诉通知书、举证通知书及开庭传票。

江苏省宿迁市宿城区人民法院

杨某某：本院受理原告与你买卖合同纠纷一案，现依法向你公告送达判决书。

浙江省宁波市鄞州区人民法院

朱某某：本院受理原告与你合同纠纷一案，依法向你公告送达起诉状副本及开庭传票。

仲裁公告

本会受理申请人与被申请人之间的借款合同争议仲裁案，现依法向你公告送达仲裁申请书副本及开庭通知。

遗失公告

某某公司遗失营业执照正本、副本，声明作废。

韩某某：本院受理原告与你民间借贷纠纷一案，因你下落不明，依法向你公告送达起诉状副本、应诉通知书、举证通知书及开庭传票。

江苏省宿迁市宿城区人民法院

杨某某：本院受理原告与你买卖合同纠纷一案，现依法向你公告送达判决书。

浙江省宁波市鄞州区人民法院

朱某某：本院受理原告与你合同纠纷一案，依法向你公告送达起诉状副本及开庭传票。

仲裁公告

10/11 中缝
公告专栏

公告声明

某某：本人遗失身份证件，特此声明作废。

某某公司遗失公章一枚，声明作废。

某某：遗失出生医学证明，编号作废，特此声明。

注销公告

本公司经股东会决议拟向登记机关申请注销，请债权人自本公告之日起45日内向本公司清算组申报债权。

减资公告

本公司经股东会决议，注册资本减少，请债权人自公告之日起45日内向本公司提出清偿债务或提供相应的担保请求。

北京市某某区人民法院

行政处罚履行催告书

公告声明

某某：本人遗失身份证件，特此声明作废。

某某公司遗失公章一枚，声明作废。

某某：遗失出生医学证明，编号作废，特此声明。

注销公告

本公司经股东会决议拟向登记机关申请注销，请债权人自本公告之日起45日内向本公司清算组申报债权。

减资公告

本公司经股东会决议，注册资本减少，请债权人自公告之日起45日内向本公司提出清偿债务或提供相应的担保请求。

北京市某某区人民法院

行政处罚履行催告书

公告声明

某某：本人遗失身份证件，特此声明作废。

某某公司遗失公章一枚，声明作废。

某某：遗失出生医学证明，编号作废，特此声明。

注销公告

本公司经股东会决议拟向登记机关申请注销，请债权人自本公告之日起45日内向本公司清算组申报债权。

减资公告

本公司经股东会决议，注册资本减少，请债权人自公告之日起45日内向本公司提出清偿债务或提供相应的担保请求。

北京市某某区人民法院

行政处罚履行催告书

公告声明

某某：本人遗失身份证件，特此声明作废。

某某公司遗失公章一枚，声明作废。

某某：遗失出生医学证明，编号作废，特此声明。

注销公告

本公司经股东会决议拟向登记机关申请注销，请债权人自本公告之日起45日内向本公司清算组申报债权。

减资公告

本公司经股东会决议，注册资本减少，请债权人自公告之日起45日内向本公司提出清偿债务或提供相应的担保请求。

北京市某某区人民法院

行政处罚履行催告书

公告声明

某某：本人遗失身份证件，特此声明作废。

某某公司遗失公章一枚，声明作废。

某某：遗失出生医学证明，编号作废，特此声明。

注销公告

本公司经股东会决议拟向登记机关申请注销，请债权人自本公告之日起45日内向本公司清算组申报债权。

减资公告

本公司经股东会决议，注册资本减少，请债权人自公告之日起45日内向本公司提出清偿债务或提供相应的担保请求。

北京市某某区人民法院

行政处罚履行催告书

公告声明

某某：本人遗失身份证件，特此声明作废。

某某公司遗失公章一枚，声明作废。

某某：遗失出生医学证明，编号作废，特此声明。

注销公告

本公司经股东会决议拟向登记机关申请注销，请债权人自本公告之日起45日内向本公司清算组申报债权。

减资公告

本公司经股东会决议，注册资本减少，请债权人自公告之日起45日内向本公司提出清偿债务或提供相应的担保请求。

北京市某某区人民法院

行政处罚履行催告书

公告声明

某某：本人遗失身份证件，特此声明作废。

某某公司遗失公章一枚，声明作废。

某某：遗失出生医学证明，编号作废，特此声明。

注销公告

本公司经股东会决议拟向登记机关申请注销，请债权人自本公告之日起45日内向本公司清算组申报债权。

减资公告

本公司经股东会决议，注册资本减少，请债权人自公告之日起45日内向本公司提出清偿债务或提供相应的担保请求。

北京市某某区人民法院

行政处罚履行催告书

公告声明

某某：本人遗失身份证件，特此声明作废。

某某公司遗失公章一枚，声明作废。

某某：遗失出生医学证明，编号作废，特此声明。

注销公告

本公司经股东会决议拟向登记机关申请注销，请债权人自本公告之日起45日内向本公司清算组申报债权。

减资公告

本公司经股东会决议，注册资本减少，请债权人自公告之日起45日内向本公司提出清偿债务或提供相应的担保请求。

北京市某某区人民法院

行政处罚履行催告书

公告声明

某某：本人遗失身份证件，特此声明作废。

某某公司遗失公章一枚，声明作废。

某某：遗失出生医学证明，编号作废，特此声明。

注销公告

本公司经股东会决议拟向登记机关申请注销，请债权人自本公告之日起45日内向本公司清算组申报债权。

减资公告

本公司经股东会决议，注册资本减少，请债权人自公告之日起45日内向本公司提出清偿债务或提供相应的担保请求。

北京市某某区人民法院

行政处罚履行催告书

公告声明

某某：本人遗失身份证件，特此声明作废。

某某公司遗失公章一枚，声明作废。

某某：遗失出生医学证明，编号作废，特此声明。

注销公告

本公司经股东会决议拟向登记机关申请注销，请债权人自本公告之日起45日内向本公司清算组申报债权。

减资公告

本公司经股东会决议，注册资本减少，请债权人自公告之日起45日内向本公司提出清偿债务或提供相应的担保请求。

北京市某某区人民法院

行政处罚履行催告书

公告声明

某某：本人遗失身份证件，特此声明作废。

某某公司遗失公章一枚，声明作废。

某某：遗失出生医学证明，编号作废，特此声明。

注销公告

本公司经股东会决议拟向登记机关申请注销，请债权人自本公告之日起45日内向本公司清算组申报债权。

减资公告

本公司经股东会决议，注册资本减少，请债权人自公告之日起45日内向本公司提出清偿债务或提供相应的担保请求。

北京市某某区人民法院

行政处罚履行催告书

公告声明

某某：本人遗失身份证件，特此声明作废。

某某公司遗失公章一枚，声明作废。

某某：遗失出生医学证明，编号作废，特此声明。

注销公告

本公司经股东会决议拟向登记机关申请注销，请债权人自本公告之日起45日内向本公司清算组申报债权。

减资公告

本公司经股东会决议，注册资本减少，请债权人自公告之日起45日内向本公司提出清偿债务或提供相应的担保请求。

北京市某某区人民法院

行政处罚履行催告书

公告声明

某某：本人遗失身份证件，特此声明作废。

某某公司遗失公章一枚，声明作废。

某某：遗失出生医学证明，编号作废，特此声明。

注销公告

本公司经股东会决议拟向登记机关申请注销，请债权人自本公告之日起45日内向本公司清算组申报债权。

减资公告

本公司经股东会决议，注册资本减少，请债权人自公告之日起45日内向本公司提出清偿债务或提供相应的担保请求。

北京市某某区人民法院

行政处罚履行催告书

公告声明

某某：本人遗失身份证件，特此声明作废。

某某公司遗失公章一枚，声明作废。

某某：遗失出生医学证明，编号作废，特此声明。

注销公告

本公司经股东会决议拟向登记机关申请注销，请债权人自本公告之日起45日内向本公司清算组申报债权。

减资公告

本公司经股东会决议，注册资本减少，请债权人自公告之日起45日内向本公司提出清偿债务或提供相应的担保请求。

北京市某某区人民法院

行政处罚履行催告书

公告声明

某某：本人遗失身份证件，特此声明作废。

某某公司遗失公章一枚，声明作废。

某某：遗失出生医学证明，编号作废，特此声明。

注销公告

本公司经股东会决议拟向登记机关申请注销，请债权人自本公告之日起45日内向本公司清算组申报债权。

减资公告

本公司经股东会决议，注册资本减少，请债权人自公告之日起45日内向本公司提出清偿债务或提供相应的担保请求。

北京市某某区人民法院

行政处罚履行催告书

公告声明

某某：本人遗失身份证件，特此声明作废。

某某公司遗失公章一枚，声明作废。

某某：遗失出生医学证明，编号作废，特此声明。

注销公告

本公司经股东会决议拟向登记机关申请注销，请债权人自本公告之日起45日内向本公司清算组申报债权。

减资公告

本公司经股东会决议，注册资本减少，请债权人自公告之日起45日内向本公司提出清偿债务或提供相应的担保请求。

北京市某某区人民法院

行政处罚履行催告书

公告声明

某某：本人遗失身份证件，特此声明作废。

某某公司遗失公章一枚，声明作废。

某某：遗失出生医学证明，编号作废，特此声明。

注销公告

本公司经股东会决议拟向登记机关申请注销，请债权人自本公告之日起45日内向本公司清算组申报债权。

减资公告

本公司经股东会决议，注册资本减少，请债权人自公告之日起45日内向本公司提出清偿债务或提供相应的担保请求。

北京市某某区人民法院

行政处罚履行催告书

公告声明

某某：本人遗失身份证件，特此声明作废。

某某公司遗失公章一枚，声明作废。

某某：遗失出生医学证明，编号作废，特此声明。

注销公告

本公司经股东会决议拟向登记机关申请注销，请债权人自本公告之日起45日内向本公司清算组申报债权。

减资公告

本公司经股东会决议，注册资本减少，请债权人自公告之日起45日内向本公司提出清偿债务或提供相应的担保请求。

北京市某某区人民法院

行政处罚履行催告书

公告声明

某某：本人遗失身份证件，特此声明作废。

某某公司遗失公章一枚，声明作废。

某某：遗失出生医学证明，编号作废，特此声明。

注销公告

本公司经股东会决议拟向登记机关申请注销，请债权人自本公告之日起45日内向本公司清算组申报债权。

减资公告

本公司经股东会决议，注册资本减少，请债权人自公告之日起45日内向本公司提出清偿债务或提供相应的担保请求。

北京市某某区人民法院

行政处罚履行催告书

公告声明

某某：本人遗失身份证件，特此声明作废。

某某公司遗失公章一枚，声明作废。

某某：遗失出生医学证明，编号作废，特此声明。

注销公告

本公司经股东会决议拟向登记机关申请注销，请债权人自本公告之日起45日内向本公司清算组申报债权。

减资公告

本公司经股东会决议，注册资本减少，请债权人自公告之日起45日内向本公司提出清偿债务或提供相应的担保请求。

北京市某某区人民法院

行政处罚履行催告书

公告声明

某某：本人遗失身份证件，特此声明作废。

某某公司遗失公章一枚，声明作废。

某某：遗失出生医学证明，编号作废，特此声明。

注销公告

本公司经股东会决议拟向登记机关申请注销，请债权人自本公告之日起45日内向本公司清算组申报债权。

减资公告

本公司经股东会决议，注册资本减少，请债权人自公告之日起45日内向本公司提出清偿债务或提供相应的担保请求。

北京市某某区人民法院

行政处罚履行催告书

公告声明

某某：本人遗失身份证件，特此声明作废。

某某公司遗失公章一枚，声明作废。

某某：遗失出生医学证明，编号作废，特此声明。

注销公告

本公司经股东会决议拟向登记机关申请注销，请债权人自本公告之日起45日内向本公司清算组申报债权。

减资公告

本公司经股东会决议，注册资本减少，请债权人自公告之日起45日内向本公司提出清偿债务或提供相应的担保请求。

北京市某某区人民法院

行政处罚履行催告书

公告声明

某某：本人遗失身份证件，特此声明作废。

某某公司遗失公章一枚，声明作废。

某某：遗失出生医学证明，编号作废，特此声明。

注销公告

本公司经股东会决议拟向登记机关申请注销，请债权人自本公告之日起45日内向本公司清算组申报债权。

减资公告

本公司经股东会决议，注册资本减少，请债权人自公告之日起45日内向本公司提出清偿债务或提供相应的担保请求。

北京市某某区人民法院

行政处罚履行催告书

公告声明

某某：本人遗失身份证件，特此声明作废。

某某公司遗失公章一枚，声明作废。

某某：遗失出生医学证明，编号作废，特此声明。

注销公告

本公司经股东会决议拟向登记机关申请注销，请债权人自本公告之日起45日内向本公司清算组申报债权。

减资公告

本公司经股东会决议，注册资本减少，请债权人自公告之日起45日内向本公司提出清偿债务或提供相应的担保请求。

北京市某某区人民法院

行政处罚履行催告书

公告声明

某某：本人遗失身份证件，特此声明作废。

某某公司遗失公章一枚，声明作废。

某某：遗失出生医学证明，编号作废，特此声明。

注销公告

本公司经股东会决议拟向登记机关申请注销，请债权人自本公告之日起45日内向本公司清算组申报债权。

减资公告

本公司经股东会决议，注册资本减少，请债权人自公告之日起45日内向本公司提出清偿债务或提供相应的担保请求。

北京市某某区人民法院

行政处罚履行催告书

公告声明

某某：本人遗失身份证件，特此声明作废。

某某公司遗失公章一枚，声明作废。

某某：遗失出生医学证明，编号作废，特此声明。

注销公告

本公司经股东会决议拟向登记机关申请注销，请债权人自本公告之日起45日内向本公司清算组申报债权。

减资公告

本公司经股东会决议，注册资本减少，请债权人自公告之日起45日内向本公司提出清偿债务或提供相应的担保请求。

北京市某某区人民法院

行政处罚履行催告书

公告声明

某某：本人遗失身份证件，特此声明作废。

某某公司遗失公章一枚，声明作废。

某某：遗失出生医学证明，编号作废，特此声明。

注销公告

本公司经股东会决议拟向登记机关申请注销，请债权人自本公告之日起45日内向本公司清算组申报债权。

减资公告

本公司经股东会决议，注册资本减少，请债权人自公告之日起45日内向本公司提出清偿债务或提供相应的担保请求。

北京市某某区人民法院

行政处罚履行催告书

公告声明

某某：本人遗失身份证件，特此声明作废。

某某公司遗失公章一枚，声明作废。

某某：遗失出生医学证明，编号作废，特此声明。

注销公告

本公司经股东会决议拟向登记机关申请注销，请债权人自本公告之日起45日内向本公司清算组申报债权。

减资公告

本公司经股东会决议，注册资本减少，请债权人自公告之日起45日内向本公司提出清偿债务或提供相应的担保请求。

北京市某某区人民法院

行政处罚履行催告书

公告声明

某某：本人遗失身份证件，特此声明作废。

某某公司遗失公章一枚，声明作废。

某某：遗失出生医学证明，编号作废，特此声明。

注销公告

本公司经股东会决议拟向登记机关申请注销，请债权人自本公告之日起45日内向本公司清算组申报债权。

减资公告

本公司经股东会决议，注册资本减少，请债权人自公告之日起45日内向本公司提出清偿债务或提供相应的担保请求。

北京市某某区人民法院

行政处罚履行催告书

公告声明

某某：本人遗失身份证件，特此声明作废。

某某公司遗失公章一枚，声明作废。

某某：遗失出生医学证明，编号作废，特此声明。

注销公告

本公司经股东会决议拟向登记机关申请注销，请债权人自本公告之日起45日内向本公司清算组申报债权。

减资公告

本公司经股东会决议，注册资本减少，请债权人自公告之日起45日内向本公司提出清偿债务或提供相应的担保请求。

北京市某某区人民法院

行政处罚履行催告书

公告声明

某某：本人遗失身份证件，特此声明作废。

某某公司遗失公章一枚，声明作废。

某某：遗失出生医学证明，编号作废，特此声明。

注销公告

本公司经股东会决议拟向登记机关申请注销，请债权人自本公告之日起45日内向本公司清算组申报债权。

减资公告

本公司经股东会决议，注册资本减少，请债权人自公告之日起45日内向本公司提出清偿债务或提供相应的担保请求。

北京市某某区人民法院

行政处罚履行催告书

公告声明

某某：本人遗失身份证件，特此声明作废。

某某公司遗失公章一枚，声明作废。

某某：遗失出生医学证明，编号作废，特此声明。

注销公告

本公司经股东会决议拟向登记机关申请注销，请债权人自本公告之日起45日内向本公司清算组申报债权。

减资公告

本公司经股东会决议，注册资本减少，请债权人自公告之日起45日内向本公司提出清偿债务或提供相应的担保请求。

北京市某某区人民法院

行政处罚履行催告书

公告声明

某某：本人遗失身份证件，特此声明作废。

某某公司遗失公章一枚，声明作废。

某某：遗失出生医学证明，编号作废，特此声明。

注销公告

本公司经股东会决议拟向登记机关申请注销，请债权人自本公告之日起45日内向本公司清算组申报债权。

减资公告

本公司经股东会决议，注册资本减少，请债权人自公告之日起45日内向本公司提出清偿债务或提供相应的担保请求。

北京市某某区人民法院

行政处罚履行催告书

公告声明

某某：本人遗失身份证件，特此声明作废。

某某公司遗失公章一枚，声明作废。

某某：遗失出生医学证明，编号作废，特此声明。

注销公告

本公司经股东会决议拟向登记机关申请注销，请债权人自本公告之日起45日内向本公司清算组申报债权。

减资公告

本公司经股东会决议，注册资本减少，请债权人自公告之日起45日内向本公司提出清偿债务或提供相应的担保请求。

北京市某某区人民法院

行政处罚履行催告书

公告声明

某某：本人遗失身份证件，特此声明作废。

某某公司遗失公章一枚，声明作废。

某某：遗失出生医学证明，编号作废，特此声明。

注销公告

本公司经股东会决议拟向登记机关申请注销，请债权人自本公告之日起45日内向本公司清算组申报债权。

减资公告

本公司经股东会决议，注册资本减少，请债权人自公告之日起45日内向本公司提出清偿债务或提供相应的担保请求。

北京市某某区人民法院

行政处罚履行催告书

公告声明

某某：本人遗失身份证件，特此声明作废。

某某公司遗失公章一枚，声明作废。

某某：遗失出生医学证明，编号作废，特此声明。

注销公告

本公司经股东会决议拟向登记机关申请注销，请债权人自本公告之日起45日内向本公司清算组申报债权。

减资公告

本公司经股东会决议，注册资本减少，请债权人自公告之日起45日内向本公司提出清偿债务或提供相应的担保请求。

北京市某某区人民法院

行政处罚履行催告书

公告声明

某某：本人遗失身份证件，特此声明作废。

某某公司遗失公章一枚，声明作废。

某某：遗失出生医学证明，编号作废，特此声明。

注销公告

本公司经股东会决议拟向登记机关申请注销，请债权人自本公告之日起45日内向本公司清算组申报债权。

减资公告

本公司经股东会决议，注册资本减少，请债权人自公告之日起45日内向本公司提出清偿债务或提供相应的担保请求。

北京市某某区人民法院

行政处罚履行催告书

公告声明

某某：本人遗失身份证件，特此声明作废。

某某公司遗失公章一枚，声明作废。

某某：遗失出生医学证明，编号作废，特此声明。

注销公告

本公司经股东会决议拟向登记机关申请注销，请债权人自本公告之日起45日内向本公司清算组申报债权。

减资公告

本公司经股东会决议，注册资本减少，请债权人自公告之日起45日内向本公司提出清偿债务或提供相应的担保请求。

北京市某某区人民法院

行政处罚履行催告书

公告声明

某某：本人遗失身份证件，特此声明作废。

某某公司遗失公章一枚，声明作废。

某某：遗失出生医学证明，编号作废，特此声明。

注销公告

本公司经股东会决议拟向登记机关申请注销，请债权人自本公告之日起45日内向本公司清算组申报债权。

减资公告

本公司经股东会决议，注册资本减少，请债权人自公告之日起45日内向本公司提出清偿债务或提供相应的担保请求。

北京市某某区人民法院

行政处罚履行催告书

公告声明

某某：本人遗失身份证件，特此声明作废。

某某公司遗失公章一枚，声明作废。

某某：遗失出生医学证明，编号作废，特此声明。

注销公告

本公司经股东会决议拟向登记机关申请注销，请债权人自本公告之日起45日内向本公司清算组申报债权。

减资公告

本公司经股东会决议，注册资本减少，请债权人自公告之日起45日内向本公司提出清偿债务或提供相应的担保请求。

北京市某某区人民法院

行政处罚履行催告书
